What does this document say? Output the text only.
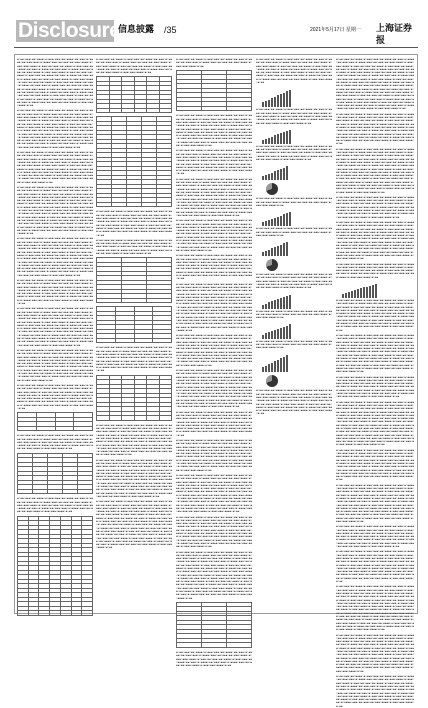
Disclosure
信息披露 /35	2021年5月17日 星期一 上海证券报

▪▫▪▪▫▪▪▪▫▪▪▫▪▪▪▪▫▪▫▪▪▪▫▪▪▪▫▪▪▫▪▪▪▪▫▪▪▫▪▪▪▫▪▫▪▪▪▪▫▪▪▫▪▪▪▫▪▪▪▫▪▫▪▪▪▪▫▪▪▪▫▪▪▫▪▪▪▫▪▪▫▪▪▪▫▪▪▪▪▫▪▫▪▪▪▫▪▪▪▫▪▪▪▪▫▪▫▪▪▪▫▪▪▫▪▪▪▫▪▪▫▪▪▪▪▫▪▫▪▪▪▫▪▪▪▫▪▪▫▪▪▪▪▫▪▪▫▪▪▪▫▪▫▪▪▪▪▫▪▪▫▪▪▪▫▪▪▪▫▪▫▪▪▪▪▫▪▪▪▫▪▪▫▪▪▪▫▪▪▫▪▪▪▫▪▪▪▪▫▪▫▪▪▪▫▪▪▪▫▪▪▪▪▫▪▫▪▪▪▫▪▪▫▪▪▪▫▪▪▫▪▪▪▪▫▪▫▪▪▪▫▪▪▪▫▪▪▫▪▪▪▪▫▪▪▫▪▪▪▫▪▫▪▪▪▪▫▪▪▫▪▪▪▫▪▪▪▫▪▫▪▪▪▪▫▪▪▪▫▪▪▫▪▪▪▫▪▪▫▪▪▪▫▪▪▪▪▫▪▫▪▪▪▫▪▪▪▫▪▪▪▪▫▪▫▪▪▪▫▪▪▫▪▪▪▫▪▪▫▪▪▪▪▫▪▫▪▪▪▫▪▪▪▫▪▪▫▪▪▪▪▫▪▪▫▪▪▪▫▪▫▪▪▪▪▫▪▪▫▪▪▪▫▪▪▪▫▪▫▪▪▪▪▫▪▪▪▫▪▪▫▪▪▪▫▪▪▫▪▪▪▫▪▪▪▪▫▪▫▪▪▪▫▪▪▪▫▪▪▪▪▫▪▫▪▪▪▫▪▪▫▪▪▪▫▪▪▫▪▪▪▪▫▪▫▪▪▪▫▪▪▪▫▪▪▫▪▪▪▪▫▪▪▫▪▪▪▫▪▫▪▪▪▪▫▪▪▫▪▪▪▫▪▪▪▫▪▫▪▪▪▪▫▪▪▪▫▪▪▫▪▪▪▫▪▪▫▪▪▪▫▪▪▪▪▫▪▫▪▪▪▫▪▪▪▫▪▪▪▪▫▪▫▪▪▪▫▪▪▫▪▪▪▫▪▪▫▪▪▪▪▫▪▫▪▪▪▫▪▪▪▫▪▪▫▪▪▪▪▫▪▪▫▪▪▪▫▪▫▪▪▪▪▫▪▪▫▪▪▪▫▪▪▪▫▪▫▪▪▪▪▫▪▪▪▫▪▪▫▪▪▪▫▪▪▫▪▪▪▫▪▪▪▪▫▪▫▪▪▪▫▪▪▪▫▪▪▪▪▫▪▫▪▪

▪▫▪▪▫▪▪▪▫▪▪▫▪▪▪▪▫▪▫▪▪▪▫▪▪▪▫▪▪▫▪▪▪▪▫▪▪▫▪▪▪▫▪▫▪▪▪▪▫▪▪▫▪▪▪▫▪▪▪▫▪▫▪▪▪▪▫▪▪▪▫▪▪▫▪▪▪▫▪▪▫▪▪▪▫▪▪▪▪▫▪▫▪▪▪▫▪▪▪▫▪▪▪▪▫▪▫▪▪▪▫▪▪▫▪▪▪▫▪▪▫▪▪▪▪▫▪▫▪▪▪▫▪▪▪▫▪▪▫▪▪▪▪▫▪▪▫▪▪▪▫▪▫▪▪▪▪▫▪▪▫▪▪▪▫▪▪▪▫▪▫▪▪▪▪▫▪▪▪▫▪▪▫▪▪▪▫▪▪▫▪▪▪▫▪▪▪▪▫▪▫▪▪▪▫▪▪▪▫▪▪▪▪▫▪▫▪▪▪▫▪▪▫▪▪▪▫▪▪▫▪▪▪▪▫▪▫▪▪▪▫▪▪▪▫▪▪▫▪▪▪▪▫▪▪▫▪▪▪▫▪▫▪▪▪▪▫▪▪▫▪▪▪▫▪▪▪▫▪▫▪▪▪▪▫▪▪▪▫▪▪▫▪▪▪▫▪▪▫▪▪▪▫▪▪▪▪▫▪▫▪▪▪▫▪▪▪▫▪▪▪▪▫▪▫▪▪▪▫▪▪▫▪▪▪▫▪▪▫▪▪▪▪▫▪▫▪▪▪▫▪▪▪▫▪▪▫▪▪▪▪▫▪▪▫▪▪▪▫▪▫▪▪▪▪▫▪▪▫▪▪▪▫▪▪▪▫▪▫▪▪▪▪▫▪▪▪▫▪▪▫▪▪▪▫▪▪▫▪▪▪▫▪▪▪▪▫▪▫▪▪▪▫▪▪▪▫▪▪▪▪▫▪▫▪▪▪▫▪▪▫▪▪▪▫▪▪▫▪▪▪▪▫▪▫▪▪▪▫▪▪▪▫▪▪▫▪▪▪▪▫▪▪▫▪▪▪▫▪▫▪▪▪▪▫▪▪▫▪▪▪▫▪▪▪▫▪▫▪▪▪▪▫▪▪▪▫▪▪▫▪▪▪▫▪▪▫▪▪▪▫▪▪▪▪▫▪▫▪▪▪▫▪▪▪▫▪▪▪▪▫▪▫▪▪

▪▫▪▪▫▪▪▪▫▪▪▫▪▪▪▪▫▪▫▪▪▪▫▪▪▪▫▪▪▫▪▪▪▪▫▪▪▫▪▪▪▫▪▫▪▪▪▪▫▪▪▫▪▪▪▫▪▪▪▫▪▫▪▪▪▪▫▪▪▪▫▪▪▫▪▪▪▫▪▪▫▪▪▪▫▪▪▪▪▫▪▫▪▪▪▫▪▪▪▫▪▪▪▪▫▪▫▪▪▪▫▪▪▫▪▪▪▫▪▪▫▪▪▪▪▫▪▫▪▪▪▫▪▪▪▫▪▪▫▪▪▪▪▫▪▪▫▪▪▪▫▪▫▪▪▪▪▫▪▪▫▪▪▪▫▪▪▪▫▪▫▪▪▪▪▫▪▪▪▫▪▪▫▪▪▪▫▪▪▫▪▪▪▫▪▪▪▪▫▪▫▪▪▪▫▪▪▪▫▪▪▪▪▫▪▫▪▪▪▫▪▪▫▪▪▪▫▪▪▫▪▪▪▪▫▪▫▪▪▪▫▪▪▪▫▪▪▫▪▪▪▪▫▪▪▫▪▪▪▫▪▫▪▪▪▪▫▪▪▫▪▪▪▫▪▪▪▫▪▫▪▪▪▪▫▪▪▪▫▪▪▫▪▪▪▫▪▪▫▪▪▪▫▪▪▪▪▫▪▫▪▪▪▫▪▪▪▫▪▪▪▪▫▪▫▪▪▪▫▪▪▫▪▪▪▫▪▪▫▪▪▪▪▫▪▫▪▪▪▫▪▪▪▫▪▪▫▪▪▪▪▫▪▪▫▪▪▪▫▪▫▪▪▪▪▫▪▪▫▪▪▪▫▪▪▪▫▪▫▪▪▪▪▫▪▪▪▫▪▪▫▪▪▪▫▪▪▫▪▪▪▫▪▪▪▪▫▪▫▪▪▪▫▪▪▪▫▪▪▪▪▫▪▫▪▪

▪▫▪▪▫▪▪▪▫▪▪▫▪▪▪▪▫▪▫▪▪▪▫▪▪▪▫▪▪▫▪▪▪▪▫▪▪▫▪▪▪▫▪▫▪▪▪▪▫▪▪▫▪▪▪▫▪▪▪▫▪▫▪▪▪▪▫▪▪▪▫▪▪▫▪▪▪▫▪▪▫▪▪▪▫▪▪▪▪▫▪▫▪▪▪▫▪▪▪▫▪▪▪▪▫▪▫▪▪▪▫▪▪▫▪▪▪▫▪▪▫▪▪▪▪▫▪▫▪▪▪▫▪▪▪▫▪▪▫▪▪▪▪▫▪▪▫▪▪▪▫▪▫▪▪▪▪▫▪▪▫▪▪▪▫▪▪▪▫▪▫▪▪▪▪▫▪▪▪▫▪▪▫▪▪▪▫▪▪▫▪▪▪▫▪▪▪▪▫▪▫▪▪▪▫▪▪▪▫▪▪▪▪▫▪▫▪▪▪▫▪▪▫▪▪▪▫▪▪▫▪▪▪▪▫▪▫▪▪▪▫▪▪▪▫▪▪▫▪▪▪▪▫▪▪▫▪▪▪▫▪▫▪▪▪▪▫▪▪▫▪▪▪▫▪▪▪▫▪▫▪▪▪▪▫▪▪▪▫▪▪▫▪▪▪▫▪▪▫▪▪▪▫▪▪▪▪▫▪▫▪▪▪▫▪▪▪▫▪▪▪▪▫▪▫▪▪▪▫▪▪▫▪▪▪▫▪▪▫▪▪▪▪▫▪▫▪▪▪▫▪▪▪▫▪▪▫▪▪▪▪▫▪▪▫▪▪▪▫▪▫▪▪▪▪▫▪▪▫▪▪▪▫▪▪▪▫▪▫▪▪▪▪▫▪▪▪▫▪▪▫▪▪▪▫▪▪▫▪▪▪▫▪▪▪▪▫▪▫▪▪▪▫▪▪▪▫▪▪▪▪▫▪▫▪▪▪▫▪▪▫▪▪▪▫▪▪▫▪▪▪▪▫▪▫▪▪▪▫▪▪▪▫▪▪▫▪▪▪▪▫▪▪▫▪▪▪▫▪▫▪▪▪▪▫▪▪▫▪▪▪▫▪▪▪▫▪▫▪▪▪▪▫▪▪▪▫▪▪▫▪▪▪▫▪▪▫▪▪▪▫▪▪▪▪▫▪▫▪▪▪▫▪▪▪▫▪▪▪▪▫▪▫▪▪▪▫▪▪▫▪▪▪▫▪▪▫▪▪▪▪▫▪▫▪▪▪▫▪▪▪▫▪▪▫▪▪▪▪▫▪▪▫▪▪▪▫▪▫▪▪▪▪▫▪▪▫▪▪▪▫▪▪▪▫▪▫▪▪▪▪▫▪▪▪▫▪▪▫▪▪▪▫▪▪▫▪▪▪▫▪▪▪▪▫▪▫▪▪▪▫▪▪▪▫▪▪▪▪▫▪▫▪▪

▪▫▪▪▫▪▪▪▫▪▪▫▪▪▪▪▫▪▫▪▪▪▫▪▪▪▫▪▪▫▪▪▪▪▫▪▪▫▪▪▪▫▪▫▪▪▪▪▫▪▪▫▪▪▪▫▪▪▪▫▪▫▪▪▪▪▫▪▪▪▫▪▪▫▪▪▪▫▪▪▫▪▪▪▫▪▪▪▪▫▪▫▪▪▪▫▪▪▪▫▪▪▪▪▫▪▫▪▪▪▫▪▪▫▪▪▪▫▪▪▫▪▪▪▪▫▪▫▪▪▪▫▪▪▪▫▪▪▫▪▪▪▪▫▪▪▫▪▪▪▫▪▫▪▪▪▪▫▪▪▫▪▪▪▫▪▪▪▫▪▫▪▪▪▪▫▪▪▪▫▪▪▫▪▪▪▫▪▪▫▪▪▪▫▪▪▪▪▫▪▫▪▪▪▫▪▪▪▫▪▪▪▪▫▪▫▪▪▪▫▪▪▫▪▪▪▫▪▪▫▪▪▪▪▫▪▫▪▪▪▫▪▪▪▫▪▪▫▪▪▪▪▫▪▪▫▪▪▪▫▪▫▪▪▪▪▫▪▪▫▪▪▪▫▪▪▪▫▪▫▪▪▪▪▫▪▪▪▫▪▪▫▪▪▪▫▪▪▫▪▪▪▫▪▪▪▪▫▪▫▪▪▪▫▪▪▪▫▪▪▪▪▫▪▫▪▪▪▫▪▪▫▪▪▪▫▪▪▫▪▪▪▪▫▪▫▪▪▪▫▪▪▪▫▪▪▫▪▪▪▪▫▪▪▫▪▪▪▫▪▫▪▪▪▪▫▪▪▫▪▪▪▫▪▪▪▫▪▫▪▪▪▪▫▪▪▪▫▪▪▫▪▪▪▫▪▪▫▪▪▪▫▪▪▪▪▫▪▫▪▪▪▫▪▪▪▫▪▪▪▪▫▪▫▪▪▪▫▪▪▫▪▪▪▫▪▪▫▪▪▪▪▫▪▫▪▪▪▫▪▪▪▫▪▪▫▪▪▪▪▫▪▪▫▪▪▪▫▪▫▪▪▪▪▫▪▪▫▪▪▪▫▪▪▪▫▪▫▪▪▪▪▫▪▪▪▫▪▪▫▪▪▪▫▪▪▫▪▪▪▫▪▪▪▪▫▪▫▪▪▪▫▪▪▪▫▪▪▪▪▫▪▫▪▪

▪▫▪▪▫▪▪▪▫▪▪▫▪▪▪▪▫▪▫▪▪▪▫▪▪▪▫▪▪▫▪▪▪▪▫▪▪▫▪▪▪▫▪▫▪▪▪▪▫▪▪▫▪▪▪▫▪▪▪▫▪▫▪▪▪▪▫▪▪▪▫▪▪▫▪▪▪▫▪▪▫▪▪▪▫▪▪▪▪▫▪▫▪▪▪▫▪▪▪▫▪▪▪▪▫▪▫▪▪▪▫▪▪▫▪▪▪▫▪▪▫▪▪▪▪▫▪▫▪▪▪▫▪▪▪▫▪▪▫▪▪▪▪▫▪▪▫▪▪▪▫▪▫▪▪▪▪▫▪▪▫▪▪▪▫▪▪▪▫▪▫▪▪▪▪▫▪▪▪▫▪▪▫▪▪▪▫▪▪▫▪▪▪▫▪▪▪▪▫▪▫▪▪▪▫▪▪▪▫▪▪▪▪▫▪▫▪▪▪▫▪▪▫▪▪▪▫▪▪▫▪▪▪▪▫▪▫▪▪▪▫▪▪▪▫▪▪▫▪▪▪▪▫▪▪▫▪▪▪▫▪▫▪▪▪▪▫▪▪▫▪▪▪▫▪▪▪▫▪▫▪▪▪▪▫▪▪▪▫▪▪▫▪▪▪▫▪▪▫▪▪▪▫▪▪▪▪▫▪▫▪▪▪▫▪▪▪▫▪▪▪▪▫▪▫▪▪

▪▫▪▪▫▪▪▪▫▪▪▫▪▪▪▪▫▪▫▪▪▪▫▪▪▪▫▪▪▫▪▪▪▪▫▪▪▫▪▪▪▫▪▫▪▪▪▪▫▪▪▫▪▪▪▫▪▪▪▫▪▫▪▪▪▪▫▪▪▪▫▪▪▫▪▪▪▫▪▪▫▪▪▪▫▪▪▪▪▫▪▫▪▪▪▫▪▪▪▫▪▪▪▪▫▪▫▪▪▪▫▪▪▫▪▪▪▫▪▪▫▪▪▪▪▫▪▫▪▪▪▫▪▪▪▫▪▪▫▪▪▪▪▫▪▪▫▪▪▪▫▪▫▪▪▪▪▫▪▪▫▪▪▪▫▪▪▪▫▪▫▪▪▪▪▫▪▪▪▫▪▪▫▪▪▪▫▪▪▫▪▪▪▫▪▪▪▪▫▪▫▪▪▪▫▪▪▪▫▪▪▪▪▫▪▫▪▪▪▫▪▪▫▪▪▪▫▪▪▫▪▪▪▪▫▪▫▪▪▪▫▪▪▪▫▪▪▫▪▪▪▪▫▪▪▫▪▪▪▫▪▫▪▪▪▪▫▪▪▫▪▪▪▫▪▪▪▫▪▫▪▪▪▪▫▪▪▪▫▪▪▫▪▪▪▫▪▪▫▪▪▪▫▪▪▪▪▫▪▫▪▪▪▫▪▪▪▫▪▪▪▪▫▪▫▪▪▪▫▪▪▫▪▪▪▫▪▪▫▪▪▪▪▫▪▫▪▪▪▫▪▪▪▫▪▪▫▪▪▪▪▫▪▪▫▪▪▪▫▪▫▪▪▪▪▫▪▪▫▪▪▪▫▪▪▪▫▪▫▪▪▪▪▫▪▪▪▫▪▪▫▪▪▪▫▪▪▫▪▪▪▫▪▪▪▪▫▪▫▪▪▪▫▪▪▪▫▪▪▪▪▫▪▫▪▪▪▫▪▪▫▪▪▪▫▪▪▫▪▪▪▪▫▪▫▪▪▪▫▪▪▪▫▪▪▫▪▪▪▪▫▪▪▫▪▪▪▫▪▫▪▪▪▪▫▪▪▫▪▪▪▫▪▪▪▫▪▫▪▪▪▪▫▪▪▪▫▪▪▫▪▪▪▫▪▪▫▪▪▪▫▪▪▪▪▫▪▫▪▪▪▫▪▪▪▫▪▪▪▪▫▪▫▪▪

▪▫▪▪▫▪▪▪▫▪▪▫▪▪▪▪▫▪▫▪▪▪▫▪▪▪▫▪▪▫▪▪▪▪▫▪▪▫▪▪▪▫▪▫▪▪▪▪▫▪▪▫▪▪▪▫▪▪▪▫▪▫▪▪▪▪▫▪▪▪▫▪▪▫▪▪▪▫▪▪▫▪▪▪▫▪▪▪▪▫▪▫▪▪▪▫▪▪▪▫▪▪▪▪▫▪▫▪▪▪▫▪▪▫▪▪▪▫▪▪▫▪▪▪▪▫▪▫▪▪▪▫▪▪▪▫▪▪▫▪▪▪▪▫▪▪▫▪▪▪▫▪▫▪▪▪▪▫▪▪▫▪▪▪▫▪▪▪▫▪▫▪▪▪▪▫▪▪▪▫▪▪▫▪▪▪▫▪▪▫▪▪▪▫▪▪▪▪▫▪▫▪▪▪▫▪▪▪▫▪▪▪▪▫▪▫▪▪▪▫▪▪▫▪▪▪▫▪▪▫▪▪▪▪▫▪▫▪▪▪▫▪▪▪▫▪▪▫▪▪▪▪▫▪▪▫▪▪▪▫▪▫▪▪▪▪▫▪▪▫▪▪▪▫▪▪▪▫▪▫▪▪▪▪▫▪▪▪▫▪▪▫▪▪▪▫▪▪▫▪▪▪▫▪▪▪▪▫▪▫▪▪▪▫▪▪▪▫▪▪▪▪▫▪▫▪▪▪▫▪▪▫▪▪▪▫▪▪▫▪▪▪▪▫▪▫▪▪▪▫▪▪▪▫▪▪▫▪▪▪▪▫▪▪▫▪▪▪▫▪▫▪▪▪▪▫▪▪▫▪▪▪▫▪▪▪▫▪▫▪▪▪▪▫▪▪▪▫▪▪▫▪▪▪▫▪▪▫▪▪▪▫▪▪▪▪▫▪▫▪▪▪▫▪▪▪▫▪▪▪▪▫▪▫▪▪

▪▫▪▪▫▪▪▪▫▪▪▫▪▪▪▪▫▪▫▪▪▪▫▪▪▪▫▪▪▫▪▪▪▪▫▪▪▫▪▪▪▫▪▫▪▪▪▪▫▪▪▫▪▪▪▫▪▪▪▫▪▫▪▪▪▪▫▪▪▪▫▪▪▫▪▪▪▫▪▪▫▪▪▪▫▪▪▪▪▫▪▫▪▪▪▫▪▪▪▫▪▪▪▪▫▪▫▪▪▪▫▪▪▫▪▪▪▫▪▪▫▪▪▪▪▫▪▫▪▪▪▫▪▪▪▫▪▪▫▪▪▪▪▫▪▪▫▪▪▪▫▪▫▪▪▪▪▫▪▪▫▪▪▪▫▪▪▪▫▪▫▪▪▪▪▫▪▪▪▫▪▪▫▪▪▪▫▪▪▫▪▪▪▫▪▪▪▪▫▪▫▪▪▪▫▪▪▪▫▪▪▪▪▫▪▫▪▪▪▫▪▪▫▪▪▪▫▪▪▫▪▪▪▪▫▪▫▪▪▪▫▪▪▪▫▪▪▫▪▪▪▪▫▪▪▫▪▪▪▫▪▫▪▪▪▪▫▪▪▫▪▪▪▫▪▪▪▫▪▫▪▪▪▪▫▪▪▪▫▪▪▫▪▪▪▫▪▪▫▪▪▪▫▪▪▪▪▫▪▫▪▪▪▫▪▪▪▫▪▪▪▪▫▪▫▪▪

▪▫▪▪▫▪▪▪▫▪▪▫▪▪▪▪▫▪▫▪▪▪▫▪▪▪▫▪▪▫▪▪▪▪▫▪▪▫▪▪▪▫▪▫▪▪▪▪▫▪▪▫▪▪▪▫▪▪▪▫▪▫▪▪▪▪▫▪▪▪▫▪▪▫▪▪▪▫▪▪▫▪▪▪▫▪▪▪▪▫▪▫▪▪▪▫▪▪▪▫▪▪▪▪▫▪▫▪▪▪▫▪▪▫▪▪▪▫▪▪▫▪▪▪▪▫▪▫▪▪▪▫▪▪▪▫▪▪▫▪▪▪▪▫▪▪▫▪▪▪▫▪▫▪▪▪▪▫▪▪▫▪▪▪▫▪▪▪▫▪▫▪▪▪▪▫▪▪▪▫▪▪▫▪▪▪▫▪▪▫▪▪▪▫▪▪▪▪▫▪▫▪▪▪▫▪▪▪▫▪▪▪▪▫▪▫▪▪

▪▫▪▪▫▪▪▪▫▪▪▫▪▪▪▪▫▪▫▪▪▪▫▪▪▪▫▪▪▫▪▪▪▪▫▪▪▫▪▪▪▫▪▫▪▪▪▪▫▪▪▫▪▪▪▫▪▪▪▫▪▫▪▪▪▪▫▪▪▪▫▪▪▫▪▪▪▫▪▪▫▪▪▪▫▪▪▪▪▫▪▫▪▪▪▫▪▪▪▫▪▪▪▪▫▪▫▪▪▪▫▪▪▫▪▪▪▫▪▪▫▪▪▪▪▫▪▫▪▪▪▫▪▪▪▫▪▪▫▪▪▪▪▫▪▪▫▪▪▪▫▪▫▪▪▪▪▫▪▪▫▪▪▪▫▪▪▪▫▪▫▪▪▪▪▫▪▪▪▫▪▪▫▪▪▪▫▪▪▫▪▪▪▫▪▪▪▪▫▪▫▪▪▪▫▪▪▪▫▪▪▪▪▫▪▫▪▪

▪▫▪▪▫▪▪▪▫▪▪▫▪▪▪▪▫▪▫▪▪▪▫▪▪▪▫▪▪▫▪▪▪▪▫▪▪▫▪▪▪▫▪▫▪▪▪▪▫▪▪▫▪▪▪▫▪▪▪▫▪▫▪▪▪▪▫▪▪▪▫▪▪▫▪▪▪▫▪▪▫▪▪▪▫▪▪▪▪▫▪▫▪▪▪▫▪▪▪▫▪▪▪▪▫▪▫▪▪▪▫▪▪▫▪▪▪▫▪▪▫▪▪▪▪▫▪▫▪▪▪▫▪▪▪▫▪▪▫▪▪▪▪▫▪▪▫▪▪▪▫▪▫▪▪▪▪▫▪▪▫▪▪▪▫▪▪▪▫▪▫▪▪▪▪▫▪▪▪▫▪▪▫▪▪▪▫▪▪▫▪▪▪▫▪▪▪▪▫▪▫▪▪▪▫▪▪▪▫▪▪▪▪▫▪▫▪▪

▪▫▪▪▫▪▪▪▫▪▪▫▪▪▪▪▫▪▫▪▪▪▫▪▪▪▫▪▪▫▪▪▪▪▫▪▪▫▪▪▪▫▪▫▪▪▪▪▫▪▪▫▪▪▪▫▪▪▪▫▪▫▪▪▪▪▫▪▪▪▫▪▪▫▪▪▪▫▪▪▫▪▪▪▫▪▪▪▪▫▪▫▪▪▪▫▪▪▪▫▪▪▪▪▫▪▫▪▪▪▫▪▪▫▪▪▪▫▪▪▫▪▪▪▪▫▪▫▪▪▪▫▪▪▪▫▪▪▫▪▪▪▪▫▪▪▫▪▪▪▫▪▫▪▪▪▪▫▪▪▫▪▪▪▫▪▪▪▫▪▫▪▪▪▪▫▪▪▪▫▪▪▫▪▪▪▫▪▪▫▪▪▪▫▪▪▪▪▫▪▫▪▪▪▫▪▪▪▫▪▪▪▪▫▪▫▪▪▪▫▪▪▫▪▪▪▫▪▪▫▪▪▪▪▫▪▫▪▪▪▫▪▪▪▫▪▪▫▪▪▪▪▫▪▪▫▪▪▪▫▪▫▪▪▪▪▫▪▪▫▪▪▪▫▪▪▪▫▪▫▪▪▪▪▫▪▪▪▫▪▪▫▪▪▪▫▪▪▫▪▪▪▫▪▪▪▪▫▪▫▪▪▪▫▪▪▪▫▪▪▪▪▫▪▫▪▪

▪▫▪▪▫▪▪▪▫▪▪▫▪▪▪▪▫▪▫▪▪▪▫▪▪▪▫▪▪▫▪▪▪▪▫▪▪▫▪▪▪▫▪▫▪▪▪▪▫▪▪▫▪▪▪▫▪▪▪▫▪▫▪▪▪▪▫▪▪▪▫▪▪▫▪▪▪▫▪▪▫▪▪▪▫▪▪▪▪▫▪▫▪▪▪▫▪▪▪▫▪▪▪▪▫▪▫▪▪▪▫▪▪▫▪▪▪▫▪▪▫▪▪▪▪▫▪▫▪▪▪▫▪▪▪▫▪▪▫▪▪▪▪▫▪▪▫▪▪▪▫▪▫▪▪▪▪▫▪▪▫▪▪▪▫▪▪▪▫▪▫▪▪▪▪▫▪▪▪▫▪▪▫▪▪▪▫▪▪▫▪▪▪▫▪▪▪▪▫▪▫▪▪▪▫▪▪▪▫▪▪▪▪▫▪▫▪▪

▪▫▪▪▫▪▪▪▫▪▪▫▪▪▪▪▫▪▫▪▪▪▫▪▪▪▫▪▪▫▪▪▪▪▫▪▪▫▪▪▪▫▪▫▪▪▪▪▫▪▪▫▪▪▪▫▪▪▪▫▪▫▪▪▪▪▫▪▪▪▫▪▪▫▪▪▪▫▪▪▫▪▪▪▫▪▪▪▪▫▪▫▪▪▪▫▪▪▪▫▪▪▪▪▫▪▫▪▪▪▫▪▪▫▪▪▪▫▪▪▫▪▪▪▪▫▪▫▪▪▪▫▪▪▪▫▪▪▫▪▪▪▪▫▪▪▫▪▪▪▫▪▫▪▪▪▪▫▪▪▫▪▪▪▫▪▪▪▫▪▫▪▪▪▪▫▪▪▪▫▪▪▫▪▪▪▫▪▪▫▪▪▪▫▪▪▪▪▫▪▫▪▪▪▫▪▪▪▫▪▪▪▪▫▪▫▪▪▪▫▪▪▫▪▪▪▫▪▪▫▪▪▪▪▫▪▫▪▪▪▫▪▪▪▫▪▪▫▪▪▪▪▫▪▪▫▪▪▪▫▪▫▪▪▪▪▫▪▪▫▪▪▪▫▪▪▪▫▪▫▪▪▪▪▫▪▪▪▫▪▪▫▪▪▪▫▪▪▫▪▪▪▫▪▪▪▪▫▪▫▪▪▪▫▪▪▪▫▪▪▪▪▫▪▫▪▪

▪▫▪▪▫▪▪▪▫▪▪▫▪▪▪▪▫▪▫▪▪▪▫▪▪▪▫▪▪▫▪▪▪▪▫▪▪▫▪▪▪▫▪▫▪▪▪▪▫▪▪▫▪▪▪▫▪▪▪▫▪▫▪▪▪▪▫▪▪▪▫▪▪▫▪▪▪▫▪▪▫▪▪▪▫▪▪▪▪▫▪▫▪▪▪▫▪▪▪▫▪▪▪▪▫▪▫▪▪▪▫▪▪▫▪▪▪▫▪▪▫▪▪▪▪▫▪▫▪▪▪▫▪▪▪▫▪▪▫▪▪▪▪▫▪▪▫▪▪▪▫▪▫▪▪▪▪▫▪▪▫▪▪▪▫▪▪▪▫▪▫▪▪▪▪▫▪▪▪▫▪▪▫▪▪▪▫▪▪▫▪▪▪▫▪▪▪▪▫▪▫▪▪▪▫▪▪▪▫▪▪▪▪▫▪▫▪▪▪▫▪▪▫▪▪▪▫▪▪▫▪▪▪▪▫▪▫▪▪▪▫▪▪▪▫▪▪▫▪▪▪▪▫▪▪▫▪▪▪▫▪▫▪▪▪▪▫▪▪▫▪▪▪▫▪▪▪▫▪▫▪▪▪▪▫▪▪▪▫▪▪▫▪▪▪▫▪▪▫▪▪▪▫▪▪▪▪▫▪▫▪▪▪▫▪▪▪▫▪▪▪▪▫▪▫▪▪▪▫▪▪▫▪▪▪▫▪▪▫▪▪▪▪▫▪▫▪▪▪▫▪▪▪▫▪▪▫▪▪▪▪▫▪▪▫▪▪▪▫▪▫▪▪▪▪▫▪▪▫▪▪▪▫▪▪▪▫▪▫▪▪▪▪▫▪▪▪▫▪▪▫▪▪▪▫▪▪▫▪▪▪▫▪▪▪▪▫▪▫▪▪▪▫▪▪▪▫▪▪▪▪▫▪▫▪▪

▪▫▪▪▫▪▪▪▫▪▪▫▪▪▪▪▫▪▫▪▪▪▫▪▪▪▫▪▪▫▪▪▪▪▫▪▪▫▪▪▪▫▪▫▪▪▪▪▫▪▪▫▪▪▪▫▪▪▪▫▪▫▪▪▪▪▫▪▪▪▫▪▪▫▪▪▪▫▪▪▫▪▪▪▫▪▪▪▪▫▪▫▪▪▪▫▪▪▪▫▪▪▪▪▫▪▫▪▪▪▫▪▪▫▪▪▪▫▪▪▫▪▪▪▪▫▪▫▪▪▪▫▪▪▪▫▪▪▫▪▪▪▪▫▪▪▫▪▪▪▫▪▫▪▪▪▪▫▪▪▫▪▪▪▫▪▪▪▫▪▫▪▪▪▪▫▪▪▪▫▪▪▫▪▪▪▫▪▪▫▪▪▪▫▪▪▪▪▫▪▫▪▪▪▫▪▪▪▫▪▪▪▪▫▪▫▪▪▪▫▪▪▫▪▪▪▫▪▪▫▪▪▪▪▫▪▫▪▪▪▫▪▪▪▫▪▪▫▪▪▪▪▫▪▪▫▪▪▪▫▪▫▪▪▪▪▫▪▪▫▪▪▪▫▪▪▪▫▪▫▪▪▪▪▫▪▪▪▫▪▪▫▪▪▪▫▪▪▫▪▪▪▫▪▪▪▪▫▪▫▪▪▪▫▪▪▪▫▪▪▪▪▫▪▫▪▪▪▫▪▪▫▪▪▪▫▪▪▫▪▪▪▪▫▪▫▪▪▪▫▪▪▪▫▪▪▫▪▪▪▪▫▪▪▫▪▪▪▫▪▫▪▪▪▪▫▪▪▫▪▪▪▫▪▪▪▫▪▫▪▪▪▪▫▪▪▪▫▪▪▫▪▪▪▫▪▪▫▪▪▪▫▪▪▪▪▫▪▫▪▪▪▫▪▪▪▫▪▪▪▪▫▪▫▪▪▪▫▪▪▫▪▪▪▫▪▪▫▪▪▪▪▫▪▫▪▪▪▫▪▪▪▫▪▪▫▪▪▪▪▫▪▪▫▪▪▪▫▪▫▪▪▪▪▫▪▪▫▪▪▪▫▪▪▪▫▪▫▪▪▪▪▫▪▪▪▫▪▪▫▪▪▪▫▪▪▫▪▪▪▫▪▪▪▪▫▪▫▪▪▪▫▪▪▪▫▪▪▪▪▫▪▫▪▪

▪▫▪▪▫▪▪▪▫▪▪▫▪▪▪▪▫▪▫▪▪▪▫▪▪▪▫▪▪▫▪▪▪▪▫▪▪▫▪▪▪▫▪▫▪▪▪▪▫▪▪▫▪▪▪▫▪▪▪▫▪▫▪▪▪▪▫▪▪▪▫▪▪▫▪▪▪▫▪▪▫▪▪▪▫▪▪▪▪▫▪▫▪▪▪▫▪▪▪▫▪▪▪▪▫▪▫▪▪▪▫▪▪▫▪▪▪▫▪▪▫▪▪▪▪▫▪▫▪▪▪▫▪▪▪▫▪▪▫▪▪▪▪▫▪▪▫▪▪▪▫▪▫▪▪▪▪▫▪▪▫▪▪▪▫▪▪▪▫▪▫▪▪▪▪▫▪▪▪▫▪▪▫▪▪▪▫▪▪▫▪▪▪▫▪▪▪▪▫▪▫▪▪▪▫▪▪▪▫▪▪▪▪▫▪▫▪▪▪▫▪▪▫▪▪▪▫▪▪▫▪▪▪▪▫▪▫▪▪▪▫▪▪▪▫▪▪▫▪▪▪▪▫▪▪▫▪▪▪▫▪▫▪▪▪▪▫▪▪▫▪▪▪▫▪▪▪▫▪▫▪▪▪▪▫▪▪▪▫▪▪▫▪▪▪▫▪▪▫▪▪▪▫▪▪▪▪▫▪▫▪▪▪▫▪▪▪▫▪▪▪▪▫▪▫▪▪▪▫▪▪▫▪▪▪▫▪▪▫▪▪▪▪▫▪▫▪▪▪▫▪▪▪▫▪▪▫▪▪▪▪▫▪▪▫▪▪▪▫▪▫▪▪▪▪▫▪▪▫▪▪▪▫▪▪▪▫▪▫▪▪▪▪▫▪▪▪▫▪▪▫▪▪▪▫▪▪▫▪▪▪▫▪▪▪▪▫▪▫▪▪▪▫▪▪▪▫▪▪▪▪▫▪▫▪▪▪▫▪▪▫▪▪▪▫▪▪▫▪▪▪▪▫▪▫▪▪▪▫▪▪▪▫▪▪▫▪▪▪▪▫▪▪▫▪▪▪▫▪▫▪▪▪▪▫▪▪▫▪▪▪▫▪▪▪▫▪▫▪▪▪▪▫▪▪▪▫▪▪▫▪▪▪▫▪▪▫▪▪▪▫▪▪▪▪▫▪▫▪▪▪▫▪▪▪▫▪▪▪▪▫▪▫▪▪▪▫▪▪▫▪▪▪▫▪▪▫▪▪▪▪▫▪▫▪▪▪▫▪▪▪▫▪▪▫▪▪▪▪▫▪▪▫▪▪▪▫▪▫▪▪▪▪▫▪▪▫▪▪▪▫▪▪▪▫▪▫▪▪▪▪▫▪▪▪▫▪▪▫▪▪▪▫▪▪▫▪▪▪▫▪▪▪▪▫▪▫▪▪▪▫▪▪▪▫▪▪▪▪▫▪▫▪▪

▪▫▪▪▫▪▪▪▫▪▪▫▪▪▪▪▫▪▫▪▪▪▫▪▪▪▫▪▪▫▪▪▪▪▫▪▪▫▪▪▪▫▪▫▪▪▪▪▫▪▪▫▪▪▪▫▪▪▪▫▪▫▪▪▪▪▫▪▪▪▫▪▪▫▪▪▪▫▪▪▫▪▪▪▫▪▪▪▪▫▪▫▪▪▪▫▪▪▪▫▪▪▪▪▫▪▫▪▪

▪▫▪▪▫▪▪▪▫▪▪▫▪▪▪▪▫▪▫▪▪▪▫▪▪▪▫▪▪▫▪▪▪▪▫▪▪▫▪▪▪▫▪▫▪▪▪▪▫▪▪▫▪▪▪▫▪▪▪▫▪▫▪▪▪▪▫▪▪▪▫▪▪▫▪▪▪▫▪▪▫▪▪▪▫▪▪▪▪▫▪▫▪▪▪▫▪▪▪▫▪▪▪▪▫▪▫▪▪▪▫▪▪▫▪▪▪▫▪▪▫▪▪▪▪▫▪▫▪▪▪▫▪▪▪▫▪▪▫▪▪▪▪▫▪▪▫▪▪▪▫▪▫▪▪▪▪▫▪▪▫▪▪▪▫▪▪▪▫▪▫▪▪▪▪▫▪▪▪▫▪▪▫▪▪▪▫▪▪▫▪▪▪▫▪▪▪▪▫▪▫▪▪▪▫▪▪▪▫▪▪▪▪▫▪▫▪▪▪▫▪▪▫▪▪▪▫▪▪▫▪▪▪▪▫▪▫▪▪▪▫▪▪▪▫▪▪▫▪▪▪▪▫▪▪▫▪▪▪▫▪▫▪▪▪▪▫▪▪▫▪▪▪▫▪▪▪▫▪▫▪▪▪▪▫▪▪▪▫▪▪▫▪▪▪▫▪▪▫▪▪▪▫▪▪▪▪▫▪▫▪▪▪▫▪▪▪▫▪▪▪▪▫▪▫▪▪▪▫▪▪▫▪▪▪▫▪▪▫▪▪▪▪▫▪▫▪▪▪▫▪▪▪▫▪▪▫▪▪▪▪▫▪▪▫▪▪▪▫▪▫▪▪▪▪▫▪▪▫▪▪▪▫▪▪▪▫▪▫▪▪▪▪▫▪▪▪▫▪▪▫▪▪▪▫▪▪▫▪▪▪▫▪▪▪▪▫▪▫▪▪▪▫▪▪▪▫▪▪▪▪▫▪▫▪▪

▪▫▪▪▫▪▪▪▫▪▪▫▪▪▪▪▫▪▫▪▪▪▫▪▪▪▫▪▪▫▪▪▪▪▫▪▪▫▪▪▪▫▪▫▪▪▪▪▫▪▪▫▪▪▪▫▪▪▪▫▪▫▪▪▪▪▫▪▪▪▫▪▪▫▪▪▪▫▪▪▫▪▪▪▫▪▪▪▪▫▪▫▪▪▪▫▪▪▪▫▪▪▪▪▫▪▫▪▪▪▫▪▪▫▪▪▪▫▪▪▫▪▪▪▪▫▪▫▪▪▪▫▪▪▪▫▪▪▫▪▪▪▪▫▪▪▫▪▪▪▫▪▫▪▪▪▪▫▪▪▫▪▪▪▫▪▪▪▫▪▫▪▪▪▪▫▪▪▪▫▪▪▫▪▪▪▫▪▪▫▪▪▪▫▪▪▪▪▫▪▫▪▪▪▫▪▪▪▫▪▪▪▪▫▪▫▪▪▪▫▪▪▫▪▪▪▫▪▪▫▪▪▪▪▫▪▫▪▪▪▫▪▪▪▫▪▪▫▪▪▪▪▫▪▪▫▪▪▪▫▪▫▪▪▪▪▫▪▪▫▪▪▪▫▪▪▪▫▪▫▪▪▪▪▫▪▪▪▫▪▪▫▪▪▪▫▪▪▫▪▪▪▫▪▪▪▪▫▪▫▪▪▪▫▪▪▪▫▪▪▪▪▫▪▫▪▪

▪▫▪▪▫▪▪▪▫▪▪▫▪▪▪▪▫▪▫▪▪▪▫▪▪▪▫▪▪▫▪▪▪▪▫▪▪▫▪▪▪▫▪▫▪▪▪▪▫▪▪▫▪▪▪▫▪▪▪▫▪▫▪▪▪▪▫▪▪▪▫▪▪▫▪▪▪▫▪▪▫▪▪▪▫▪▪▪▪▫▪▫▪▪▪▫▪▪▪▫▪▪▪▪▫▪▫▪▪▪▫▪▪▫▪▪▪▫▪▪▫▪▪▪▪▫▪▫▪▪▪▫▪▪▪▫▪▪▫▪▪▪▪▫▪▪▫▪▪▪▫▪▫▪▪▪▪▫▪▪▫▪▪▪▫▪▪▪▫▪▫▪▪▪▪▫▪▪▪▫▪▪▫▪▪▪▫▪▪▫▪▪▪▫▪▪▪▪▫▪▫▪▪▪▫▪▪▪▫▪▪▪▪▫▪▫▪▪▪▫▪▪▫▪▪▪▫▪▪▫▪▪▪▪▫▪▫▪▪▪▫▪▪▪▫▪▪▫▪▪▪▪▫▪▪▫▪▪▪▫▪▫▪▪▪▪▫▪▪▫▪▪▪▫▪▪▪▫▪▫▪▪▪▪▫▪▪▪▫▪▪▫▪▪▪▫▪▪▫▪▪▪▫▪▪▪▪▫▪▫▪▪▪▫▪▪▪▫▪▪▪▪▫▪▫▪▪▪▫▪▪▫▪▪▪▫▪▪▫▪▪▪▪▫▪▫▪▪▪▫▪▪▪▫▪▪▫▪▪▪▪▫▪▪▫▪▪▪▫▪▫▪▪▪▪▫▪▪▫▪▪▪▫▪▪▪▫▪▫▪▪▪▪▫▪▪▪▫▪▪▫▪▪▪▫▪▪▫▪▪▪▫▪▪▪▪▫▪▫▪▪▪▫▪▪▪▫▪▪▪▪▫▪▫▪▪▪▫▪▪▫▪▪▪▫▪▪▫▪▪▪▪▫▪▫▪▪▪▫▪▪▪▫▪▪▫▪▪▪▪▫▪▪▫▪▪▪▫▪▫▪▪▪▪▫▪▪▫▪▪▪▫▪▪▪▫▪▫▪▪▪▪▫▪▪▪▫▪▪▫▪▪▪▫▪▪▫▪▪▪▫▪▪▪▪▫▪▫▪▪▪▫▪▪▪▫▪▪▪▪▫▪▫▪▪

▪▫▪▪▫▪▪▪▫▪▪▫▪▪▪▪▫▪▫▪▪▪▫▪▪▪▫▪▪▫▪▪▪▪▫▪▪▫▪▪▪▫▪▫▪▪▪▪▫▪▪▫▪▪▪▫▪▪▪▫▪▫▪▪▪▪▫▪▪▪▫▪▪▫▪▪▪▫▪▪▫▪▪▪▫▪▪▪▪▫▪▫▪▪▪▫▪▪▪▫▪▪▪▪▫▪▫▪▪▪▫▪▪▫▪▪▪▫▪▪▫▪▪▪▪▫▪▫▪▪▪▫▪▪▪▫▪▪▫▪▪▪▪▫▪▪▫▪▪▪▫▪▫▪▪▪▪▫▪▪▫▪▪▪▫▪▪▪▫▪▫▪▪▪▪▫▪▪▪▫▪▪▫▪▪▪▫▪▪▫▪▪▪▫▪▪▪▪▫▪▫▪▪▪▫▪▪▪▫▪▪▪▪▫▪▫▪▪▪▫▪▪▫▪▪▪▫▪▪▫▪▪▪▪▫▪▫▪▪▪▫▪▪▪▫▪▪▫▪▪▪▪▫▪▪▫▪▪▪▫▪▫▪▪▪▪▫▪▪▫▪▪▪▫▪▪▪▫▪▫▪▪▪▪▫▪▪▪▫▪▪▫▪▪▪▫▪▪▫▪▪▪▫▪▪▪▪▫▪▫▪▪▪▫▪▪▪▫▪▪▪▪▫▪▫▪▪▪▫▪▪▫▪▪▪▫▪▪▫▪▪▪▪▫▪▫▪▪▪▫▪▪▪▫▪▪▫▪▪▪▪▫▪▪▫▪▪▪▫▪▫▪▪▪▪▫▪▪▫▪▪▪▫▪▪▪▫▪▫▪▪▪▪▫▪▪▪▫▪▪▫▪▪▪▫▪▪▫▪▪▪▫▪▪▪▪▫▪▫▪▪▪▫▪▪▪▫▪▪▪▪▫▪▫▪▪

▪▫▪▪▫▪▪▪▫▪▪▫▪▪▪▪▫▪▫▪▪▪▫▪▪▪▫▪▪▫▪▪▪▪▫▪▪▫▪▪▪▫▪▫▪▪▪▪▫▪▪▫▪▪▪▫▪▪▪▫▪▫▪▪▪▪▫▪▪▪▫▪▪▫▪▪▪▫▪▪▫▪▪▪▫▪▪▪▪▫▪▫▪▪▪▫▪▪▪▫▪▪▪▪▫▪▫▪▪▪▫▪▪▫▪▪▪▫▪▪▫▪▪▪▪▫▪▫▪▪▪▫▪▪▪▫▪▪▫▪▪▪▪▫▪▪▫▪▪▪▫▪▫▪▪▪▪▫▪▪▫▪▪▪▫▪▪▪▫▪▫▪▪▪▪▫▪▪▪▫▪▪▫▪▪▪▫▪▪▫▪▪▪▫▪▪▪▪▫▪▫▪▪▪▫▪▪▪▫▪▪▪▪▫▪▫▪▪▪▫▪▪▫▪▪▪▫▪▪▫▪▪▪▪▫▪▫▪▪▪▫▪▪▪▫▪▪▫▪▪▪▪▫▪▪▫▪▪▪▫▪▫▪▪▪▪▫▪▪▫▪▪▪▫▪▪▪▫▪▫▪▪▪▪▫▪▪▪▫▪▪▫▪▪▪▫▪▪▫▪▪▪▫▪▪▪▪▫▪▫▪▪▪▫▪▪▪▫▪▪▪▪▫▪▫▪▪

▪▫▪▪▫▪▪▪▫▪▪▫▪▪▪▪▫▪▫▪▪▪▫▪▪▪▫▪▪▫▪▪▪▪▫▪▪▫▪▪▪▫▪▫▪▪▪▪▫▪▪▫▪▪▪▫▪▪▪▫▪▫▪▪▪▪▫▪▪▪▫▪▪▫▪▪▪▫▪▪▫▪▪▪▫▪▪▪▪▫▪▫▪▪▪▫▪▪▪▫▪▪▪▪▫▪▫▪▪▪▫▪▪▫▪▪▪▫▪▪▫▪▪▪▪▫▪▫▪▪▪▫▪▪▪▫▪▪▫▪▪▪▪▫▪▪▫▪▪▪▫▪▫▪▪▪▪▫▪▪▫▪▪▪▫▪▪▪▫▪▫▪▪▪▪▫▪▪▪▫▪▪▫▪▪▪▫▪▪▫▪▪▪▫▪▪▪▪▫▪▫▪▪▪▫▪▪▪▫▪▪▪▪▫▪▫▪▪▪▫▪▪▫▪▪▪▫▪▪▫▪▪▪▪▫▪▫▪▪▪▫▪▪▪▫▪▪▫▪▪▪▪▫▪▪▫▪▪▪▫▪▫▪▪▪▪▫▪▪▫▪▪▪▫▪▪▪▫▪▫▪▪▪▪▫▪▪▪▫▪▪▫▪▪▪▫▪▪▫▪▪▪▫▪▪▪▪▫▪▫▪▪▪▫▪▪▪▫▪▪▪▪▫▪▫▪▪▪▫▪▪▫▪▪▪▫▪▪▫▪▪▪▪▫▪▫▪▪▪▫▪▪▪▫▪▪▫▪▪▪▪▫▪▪▫▪▪▪▫▪▫▪▪▪▪▫▪▪▫▪▪▪▫▪▪▪▫▪▫▪▪▪▪▫▪▪▪▫▪▪▫▪▪▪▫▪▪▫▪▪▪▫▪▪▪▪▫▪▫▪▪▪▫▪▪▪▫▪▪▪▪▫▪▫▪▪▪▫▪▪▫▪▪▪▫▪▪▫▪▪▪▪▫▪▫▪▪▪▫▪▪▪▫▪▪▫▪▪▪▪▫▪▪▫▪▪▪▫▪▫▪▪▪▪▫▪▪▫▪▪▪▫▪▪▪▫▪▫▪▪▪▪▫▪▪▪▫▪▪▫▪▪▪▫▪▪▫▪▪▪▫▪▪▪▪▫▪▫▪▪▪▫▪▪▪▫▪▪▪▪▫▪▫▪▪▪▫▪▪▫▪▪▪▫▪▪▫▪▪▪▪▫▪▫▪▪▪▫▪▪▪▫▪▪▫▪▪▪▪▫▪▪▫▪▪▪▫▪▫▪▪▪▪▫▪▪▫▪▪▪▫▪▪▪▫▪▫▪▪▪▪▫▪▪▪▫▪▪▫▪▪▪▫▪▪▫▪▪▪▫▪▪▪▪▫▪▫▪▪▪▫▪▪▪▫▪▪▪▪▫▪▫▪▪

▪▫▪▪▫▪▪▪▫▪▪▫▪▪▪▪▫▪▫▪▪▪▫▪▪▪▫▪▪▫▪▪▪▪▫▪▪▫▪▪▪▫▪▫▪▪▪▪▫▪▪▫▪▪▪▫▪▪▪▫▪▫▪▪▪▪▫▪▪▪▫▪▪▫▪▪▪▫▪▪▫▪▪▪▫▪▪▪▪▫▪▫▪▪▪▫▪▪▪▫▪▪▪▪▫▪▫▪▪▪▫▪▪▫▪▪▪▫▪▪▫▪▪▪▪▫▪▫▪▪▪▫▪▪▪▫▪▪▫▪▪▪▪▫▪▪▫▪▪▪▫▪▫▪▪▪▪▫▪▪▫▪▪▪▫▪▪▪▫▪▫▪▪▪▪▫▪▪▪▫▪▪▫▪▪▪▫▪▪▫▪▪▪▫▪▪▪▪▫▪▫▪▪▪▫▪▪▪▫▪▪▪▪▫▪▫▪▪▪▫▪▪▫▪▪▪▫▪▪▫▪▪▪▪▫▪▫▪▪▪▫▪▪▪▫▪▪▫▪▪▪▪▫▪▪▫▪▪▪▫▪▫▪▪▪▪▫▪▪▫▪▪▪▫▪▪▪▫▪▫▪▪▪▪▫▪▪▪▫▪▪▫▪▪▪▫▪▪▫▪▪▪▫▪▪▪▪▫▪▫▪▪▪▫▪▪▪▫▪▪▪▪▫▪▫▪▪▪▫▪▪▫▪▪▪▫▪▪▫▪▪▪▪▫▪▫▪▪▪▫▪▪▪▫▪▪▫▪▪▪▪▫▪▪▫▪▪▪▫▪▫▪▪▪▪▫▪▪▫▪▪▪▫▪▪▪▫▪▫▪▪▪▪▫▪▪▪▫▪▪▫▪▪▪▫▪▪▫▪▪▪▫▪▪▪▪▫▪▫▪▪▪▫▪▪▪▫▪▪▪▪▫▪▫▪▪

▪▫▪▪▫▪▪▪▫▪▪▫▪▪▪▪▫▪▫▪▪▪▫▪▪▪▫▪▪▫▪▪▪▪▫▪▪▫▪▪▪▫▪▫▪▪▪▪▫▪▪▫▪▪▪▫▪▪▪▫▪▫▪▪▪▪▫▪▪▪▫▪▪▫▪▪▪▫▪▪▫▪▪▪▫▪▪▪▪▫▪▫▪▪▪▫▪▪▪▫▪▪▪▪▫▪▫▪▪▪▫▪▪▫▪▪▪▫▪▪▫▪▪▪▪▫▪▫▪▪▪▫▪▪▪▫▪▪▫▪▪▪▪▫▪▪▫▪▪▪▫▪▫▪▪▪▪▫▪▪▫▪▪▪▫▪▪▪▫▪▫▪▪▪▪▫▪▪▪▫▪▪▫▪▪▪▫▪▪▫▪▪▪▫▪▪▪▪▫▪▫▪▪▪▫▪▪▪▫▪▪▪▪▫▪▫▪▪▪▫▪▪▫▪▪▪▫▪▪▫▪▪▪▪▫▪▫▪▪▪▫▪▪▪▫▪▪▫▪▪▪▪▫▪▪▫▪▪▪▫▪▫▪▪▪▪▫▪▪▫▪▪▪▫▪▪▪▫▪▫▪▪▪▪▫▪▪▪▫▪▪▫▪▪▪▫▪▪▫▪▪▪▫▪▪▪▪▫▪▫▪▪▪▫▪▪▪▫▪▪▪▪▫▪▫▪▪▪▫▪▪▫▪▪▪▫▪▪▫▪▪▪▪▫▪▫▪▪▪▫▪▪▪▫▪▪▫▪▪▪▪▫▪▪▫▪▪▪▫▪▫▪▪▪▪▫▪▪▫▪▪▪▫▪▪▪▫▪▫▪▪▪▪▫▪▪▪▫▪▪▫▪▪▪▫▪▪▫▪▪▪▫▪▪▪▪▫▪▫▪▪▪▫▪▪▪▫▪▪▪▪▫▪▫▪▪▪▫▪▪▫▪▪▪▫▪▪▫▪▪▪▪▫▪▫▪▪▪▫▪▪▪▫▪▪▫▪▪▪▪▫▪▪▫▪▪▪▫▪▫▪▪▪▪▫▪▪▫▪▪▪▫▪▪▪▫▪▫▪▪▪▪▫▪▪▪▫▪▪▫▪▪▪▫▪▪▫▪▪▪▫▪▪▪▪▫▪▫▪▪▪▫▪▪▪▫▪▪▪▪▫▪▫▪▪

▪▫▪▪▫▪▪▪▫▪▪▫▪▪▪▪▫▪▫▪▪▪▫▪▪▪▫▪▪▫▪▪▪▪▫▪▪▫▪▪▪▫▪▫▪▪▪▪▫▪▪▫▪▪▪▫▪▪▪▫▪▫▪▪▪▪▫▪▪▪▫▪▪▫▪▪▪▫▪▪▫▪▪▪▫▪▪▪▪▫▪▫▪▪▪▫▪▪▪▫▪▪▪▪▫▪▫▪▪▪▫▪▪▫▪▪▪▫▪▪▫▪▪▪▪▫▪▫▪▪▪▫▪▪▪▫▪▪▫▪▪▪▪▫▪▪▫▪▪▪▫▪▫▪▪▪▪▫▪▪▫▪▪▪▫▪▪▪▫▪▫▪▪▪▪▫▪▪▪▫▪▪▫▪▪▪▫▪▪▫▪▪▪▫▪▪▪▪▫▪▫▪▪▪▫▪▪▪▫▪▪▪▪▫▪▫▪▪▪▫▪▪▫▪▪▪▫▪▪▫▪▪▪▪▫▪▫▪▪▪▫▪▪▪▫▪▪▫▪▪▪▪▫▪▪▫▪▪▪▫▪▫▪▪▪▪▫▪▪▫▪▪▪▫▪▪▪▫▪▫▪▪▪▪▫▪▪▪▫▪▪▫▪▪▪▫▪▪▫▪▪▪▫▪▪▪▪▫▪▫▪▪▪▫▪▪▪▫▪▪▪▪▫▪▫▪▪

▪▫▪▪▫▪▪▪▫▪▪▫▪▪▪▪▫▪▫▪▪▪▫▪▪▪▫▪▪▫▪▪▪▪▫▪▪▫▪▪▪▫▪▫▪▪▪▪▫▪▪▫▪▪▪▫▪▪▪▫▪▫▪▪▪▪▫▪▪▪▫▪▪▫▪▪▪▫▪▪▫▪▪▪▫▪▪▪▪▫▪▫▪▪▪▫▪▪▪▫▪▪▪▪▫▪▫▪▪▪▫▪▪▫▪▪▪▫▪▪▫▪▪▪▪▫▪▫▪▪▪▫▪▪▪▫▪▪▫▪▪▪▪▫▪▪▫▪▪▪▫▪▫▪▪▪▪▫▪▪▫▪▪▪▫▪▪▪▫▪▫▪▪▪▪▫▪▪▪▫▪▪▫▪▪▪▫▪▪▫▪▪▪▫▪▪▪▪▫▪▫▪▪▪▫▪▪▪▫▪▪▪▪▫▪▫▪▪▪▫▪▪▫▪▪▪▫▪▪▫▪▪▪▪▫▪▫▪▪▪▫▪▪▪▫▪▪▫▪▪▪▪▫▪▪▫▪▪▪▫▪▫▪▪▪▪▫▪▪▫▪▪▪▫▪▪▪▫▪▫▪▪▪▪▫▪▪▪▫▪▪▫▪▪▪▫▪▪▫▪▪▪▫▪▪▪▪▫▪▫▪▪▪▫▪▪▪▫▪▪▪▪▫▪▫▪▪▪▫▪▪▫▪▪▪▫▪▪▫▪▪▪▪▫▪▫▪▪▪▫▪▪▪▫▪▪▫▪▪▪▪▫▪▪▫▪▪▪▫▪▫▪▪▪▪▫▪▪▫▪▪▪▫▪▪▪▫▪▫▪▪▪▪▫▪▪▪▫▪▪▫▪▪▪▫▪▪▫▪▪▪▫▪▪▪▪▫▪▫▪▪▪▫▪▪▪▫▪▪▪▪▫▪▫▪▪

▪▫▪▪▫▪▪▪▫▪▪▫▪▪▪▪▫▪▫▪▪▪▫▪▪▪▫▪▪▫▪▪▪▪▫▪▪▫▪▪▪▫▪▫▪▪▪▪▫▪▪▫▪▪▪▫▪▪▪▫▪▫▪▪▪▪▫▪▪▪▫▪▪▫▪▪▪▫▪▪▫▪▪▪▫▪▪▪▪▫▪▫▪▪▪▫▪▪▪▫▪▪▪▪▫▪▫▪▪▪▫▪▪▫▪▪▪▫▪▪▫▪▪▪▪▫▪▫▪▪▪▫▪▪▪▫▪▪▫▪▪▪▪▫▪▪▫▪▪▪▫▪▫▪▪▪▪▫▪▪▫▪▪▪▫▪▪▪▫▪▫▪▪▪▪▫▪▪▪▫▪▪▫▪▪▪▫▪▪▫▪▪▪▫▪▪▪▪▫▪▫▪▪▪▫▪▪▪▫▪▪▪▪▫▪▫▪▪▪▫▪▪▫▪▪▪▫▪▪▫▪▪▪▪▫▪▫▪▪▪▫▪▪▪▫▪▪▫▪▪▪▪▫▪▪▫▪▪▪▫▪▫▪▪▪▪▫▪▪▫▪▪▪▫▪▪▪▫▪▫▪▪▪▪▫▪▪▪▫▪▪▫▪▪▪▫▪▪▫▪▪▪▫▪▪▪▪▫▪▫▪▪▪▫▪▪▪▫▪▪▪▪▫▪▫▪▪▪▫▪▪▫▪▪▪▫▪▪▫▪▪▪▪▫▪▫▪▪▪▫▪▪▪▫▪▪▫▪▪▪▪▫▪▪▫▪▪▪▫▪▫▪▪▪▪▫▪▪▫▪▪▪▫▪▪▪▫▪▫▪▪▪▪▫▪▪▪▫▪▪▫▪▪▪▫▪▪▫▪▪▪▫▪▪▪▪▫▪▫▪▪▪▫▪▪▪▫▪▪▪▪▫▪▫▪▪▪▫▪▪▫▪▪▪▫▪▪▫▪▪▪▪▫▪▫▪▪▪▫▪▪▪▫▪▪▫▪▪▪▪▫▪▪▫▪▪▪▫▪▫▪▪▪▪▫▪▪▫▪▪▪▫▪▪▪▫▪▫▪▪▪▪▫▪▪▪▫▪▪▫▪▪▪▫▪▪▫▪▪▪▫▪▪▪▪▫▪▫▪▪▪▫▪▪▪▫▪▪▪▪▫▪▫▪▪

▪▫▪▪▫▪▪▪▫▪▪▫▪▪▪▪▫▪▫▪▪▪▫▪▪▪▫▪▪▫▪▪▪▪▫▪▪▫▪▪▪▫▪▫▪▪▪▪▫▪▪▫▪▪▪▫▪▪▪▫▪▫▪▪▪▪▫▪▪▪▫▪▪▫▪▪▪▫▪▪▫▪▪▪▫▪▪▪▪▫▪▫▪▪▪▫▪▪▪▫▪▪▪▪▫▪▫▪▪▪▫▪▪▫▪▪▪▫▪▪▫▪▪▪▪▫▪▫▪▪▪▫▪▪▪▫▪▪▫▪▪▪▪▫▪▪▫▪▪▪▫▪▫▪▪▪▪▫▪▪▫▪▪▪▫▪▪▪▫▪▫▪▪▪▪▫▪▪▪▫▪▪▫▪▪▪▫▪▪▫▪▪▪▫▪▪▪▪▫▪▫▪▪▪▫▪▪▪▫▪▪▪▪▫▪▫▪▪▪▫▪▪▫▪▪▪▫▪▪▫▪▪▪▪▫▪▫▪▪▪▫▪▪▪▫▪▪▫▪▪▪▪▫▪▪▫▪▪▪▫▪▫▪▪▪▪▫▪▪▫▪▪▪▫▪▪▪▫▪▫▪▪▪▪▫▪▪▪▫▪▪▫▪▪▪▫▪▪▫▪▪▪▫▪▪▪▪▫▪▫▪▪▪▫▪▪▪▫▪▪▪▪▫▪▫▪▪▪▫▪▪▫▪▪▪▫▪▪▫▪▪▪▪▫▪▫▪▪▪▫▪▪▪▫▪▪▫▪▪▪▪▫▪▪▫▪▪▪▫▪▫▪▪▪▪▫▪▪▫▪▪▪▫▪▪▪▫▪▫▪▪▪▪▫▪▪▪▫▪▪▫▪▪▪▫▪▪▫▪▪▪▫▪▪▪▪▫▪▫▪▪▪▫▪▪▪▫▪▪▪▪▫▪▫▪▪

▪▫▪▪▫▪▪▪▫▪▪▫▪▪▪▪▫▪▫▪▪▪▫▪▪▪▫▪▪▫▪▪▪▪▫▪▪▫▪▪▪▫▪▫▪▪▪▪▫▪▪▫▪▪▪▫▪▪▪▫▪▫▪▪▪▪▫▪▪▪▫▪▪▫▪▪▪▫▪▪▫▪▪▪▫▪▪▪▪▫▪▫▪▪▪▫▪▪▪▫▪▪▪▪▫▪▫▪▪▪▫▪▪▫▪▪▪▫▪▪▫▪▪▪▪▫▪▫▪▪▪▫▪▪▪▫▪▪▫▪▪▪▪▫▪▪▫▪▪▪▫▪▫▪▪▪▪▫▪▪▫▪▪▪▫▪▪▪▫▪▫▪▪▪▪▫▪▪▪▫▪▪▫▪▪▪▫▪▪▫▪▪▪▫▪▪▪▪▫▪▫▪▪▪▫▪▪▪▫▪▪▪▪▫▪▫▪▪▪▫▪▪▫▪▪▪▫▪▪▫▪▪▪▪▫▪▫▪▪▪▫▪▪▪▫▪▪▫▪▪▪▪▫▪▪▫▪▪▪▫▪▫▪▪▪▪▫▪▪▫▪▪▪▫▪▪▪▫▪▫▪▪▪▪▫▪▪▪▫▪▪▫▪▪▪▫▪▪▫▪▪▪▫▪▪▪▪▫▪▫▪▪▪▫▪▪▪▫▪▪▪▪▫▪▫▪▪▪▫▪▪▫▪▪▪▫▪▪▫▪▪▪▪▫▪▫▪▪▪▫▪▪▪▫▪▪▫▪▪▪▪▫▪▪▫▪▪▪▫▪▫▪▪▪▪▫▪▪▫▪▪▪▫▪▪▪▫▪▫▪▪▪▪▫▪▪▪▫▪▪▫▪▪▪▫▪▪▫▪▪▪▫▪▪▪▪▫▪▫▪▪▪▫▪▪▪▫▪▪▪▪▫▪▫▪▪▪▫▪▪▫▪▪▪▫▪▪▫▪▪▪▪▫▪▫▪▪▪▫▪▪▪▫▪▪▫▪▪▪▪▫▪▪▫▪▪▪▫▪▫▪▪▪▪▫▪▪▫▪▪▪▫▪▪▪▫▪▫▪▪▪▪▫▪▪▪▫▪▪▫▪▪▪▫▪▪▫▪▪▪▫▪▪▪▪▫▪▫▪▪▪▫▪▪▪▫▪▪▪▪▫▪▫▪▪▪▫▪▪▫▪▪▪▫▪▪▫▪▪▪▪▫▪▫▪▪▪▫▪▪▪▫▪▪▫▪▪▪▪▫▪▪▫▪▪▪▫▪▫▪▪▪▪▫▪▪▫▪▪▪▫▪▪▪▫▪▫▪▪▪▪▫▪▪▪▫▪▪▫▪▪▪▫▪▪▫▪▪▪▫▪▪▪▪▫▪▫▪▪▪▫▪▪▪▫▪▪▪▪▫▪▫▪▪

▪▫▪▪▫▪▪▪▫▪▪▫▪▪▪▪▫▪▫▪▪▪▫▪▪▪▫▪▪▫▪▪▪▪▫▪▪▫▪▪▪▫▪▫▪▪▪▪▫▪▪▫▪▪▪▫▪▪▪▫▪▫▪▪▪▪▫▪▪▪▫▪▪▫▪▪▪▫▪▪▫▪▪▪▫▪▪▪▪▫▪▫▪▪▪▫▪▪▪▫▪▪▪▪▫▪▫▪▪▪▫▪▪▫▪▪▪▫▪▪▫▪▪▪▪▫▪▫▪▪▪▫▪▪▪▫▪▪▫▪▪▪▪▫▪▪▫▪▪▪▫▪▫▪▪▪▪▫▪▪▫▪▪▪▫▪▪▪▫▪▫▪▪▪▪▫▪▪▪▫▪▪▫▪▪▪▫▪▪▫▪▪▪▫▪▪▪▪▫▪▫▪▪▪▫▪▪▪▫▪▪▪▪▫▪▫▪▪

▪▫▪▪▫▪▪▪▫▪▪▫▪▪▪▪▫▪▫▪▪▪▫▪▪▪▫▪▪▫▪▪▪▪▫▪▪▫▪▪▪▫▪▫▪▪▪▪▫▪▪▫▪▪▪▫▪▪▪▫▪▫▪▪▪▪▫▪▪▪▫▪▪▫▪▪▪▫▪▪▫▪▪▪▫▪▪▪▪▫▪▫▪▪▪▫▪▪▪▫▪▪▪▪▫▪▫▪▪▪▫▪▪▫▪▪▪▫▪▪▫▪▪▪▪▫▪▫▪▪▪▫▪▪▪▫▪▪▫▪▪▪▪▫▪▪▫▪▪▪▫▪▫▪▪▪▪▫▪▪▫▪▪▪▫▪▪▪▫▪▫▪▪▪▪▫▪▪▪▫▪▪▫▪▪▪▫▪▪▫▪▪▪▫▪▪▪▪▫▪▫▪▪▪▫▪▪▪▫▪▪▪▪▫▪▫▪▪▪▫▪▪▫▪▪▪▫▪▪▫▪▪▪▪▫▪▫▪▪▪▫▪▪▪▫▪▪▫▪▪▪▪▫▪▪▫▪▪▪▫▪▫▪▪▪▪▫▪▪▫▪▪▪▫▪▪▪▫▪▫▪▪▪▪▫▪▪▪▫▪▪▫▪▪▪▫▪▪▫▪▪▪▫▪▪▪▪▫▪▫▪▪▪▫▪▪▪▫▪▪▪▪▫▪▫▪▪

▪▫▪▪▫▪▪▪▫▪▪▫▪▪▪▪▫▪▫▪▪▪▫▪▪▪▫▪▪▫▪▪▪▪▫▪▪▫▪▪▪▫▪▫▪▪▪▪▫▪▪▫▪▪▪▫▪▪▪▫▪▫▪▪▪▪▫▪▪▪▫▪▪▫▪▪▪▫▪▪▫▪▪▪▫▪▪▪▪▫▪▫▪▪▪▫▪▪▪▫▪▪▪▪▫▪▫▪▪▪▫▪▪▫▪▪▪▫▪▪▫▪▪▪▪▫▪▫▪▪▪▫▪▪▪▫▪▪▫▪▪▪▪▫▪▪▫▪▪▪▫▪▫▪▪▪▪▫▪▪▫▪▪▪▫▪▪▪▫▪▫▪▪▪▪▫▪▪▪▫▪▪▫▪▪▪▫▪▪▫▪▪▪▫▪▪▪▪▫▪▫▪▪▪▫▪▪▪▫▪▪▪▪▫▪▫▪▪

▪▫▪▪▫▪▪▪▫▪▪▫▪▪▪▪▫▪▫▪▪▪▫▪▪▪▫▪▪▫▪▪▪▪▫▪▪▫▪▪▪▫▪▫▪▪▪▪▫▪▪▫▪▪▪▫▪▪▪▫▪▫▪▪▪▪▫▪▪▪▫▪▪▫▪▪▪▫▪▪▫▪▪▪▫▪▪▪▪▫▪▫▪▪▪▫▪▪▪▫▪▪▪▪▫▪▫▪▪▪▫▪▪▫▪▪▪▫▪▪▫▪▪▪▪▫▪▫▪▪▪▫▪▪▪▫▪▪▫▪▪▪▪▫▪▪▫▪▪▪▫▪▫▪▪▪▪▫▪▪▫▪▪▪▫▪▪▪▫▪▫▪▪▪▪▫▪▪▪▫▪▪▫▪▪▪▫▪▪▫▪▪▪▫▪▪▪▪▫▪▫▪▪▪▫▪▪▪▫▪▪▪▪▫▪▫▪▪

▪▫▪▪▫▪▪▪▫▪▪▫▪▪▪▪▫▪▫▪▪▪▫▪▪▪▫▪▪▫▪▪▪▪▫▪▪▫▪▪▪▫▪▫▪▪▪▪▫▪▪▫▪▪▪▫▪▪▪▫▪▫▪▪▪▪▫▪▪▪▫▪▪▫▪▪▪▫▪▪▫▪▪▪▫▪▪▪▪▫▪▫▪▪▪▫▪▪▪▫▪▪▪▪▫▪▫▪▪

▪▫▪▪▫▪▪▪▫▪▪▫▪▪▪▪▫▪▫▪▪▪▫▪▪▪▫▪▪▫▪▪▪▪▫▪▪▫▪▪▪▫▪▫▪▪▪▪▫▪▪▫▪▪▪▫▪▪▪▫▪▫▪▪▪▪▫▪▪▪▫▪▪▫▪▪▪▫▪▪▫▪▪▪▫▪▪▪▪▫▪▫▪▪▪▫▪▪▪▫▪▪▪▪▫▪▫▪▪

▪▫▪▪▫▪▪▪▫▪▪▫▪▪▪▪▫▪▫▪▪▪▫▪▪▪▫▪▪▫▪▪▪▪▫▪▪▫▪▪▪▫▪▫▪▪▪▪▫▪▪▫▪▪▪▫▪▪▪▫▪▫▪▪▪▪▫▪▪▪▫▪▪▫▪▪▪▫▪▪▫▪▪▪▫▪▪▪▪▫▪▫▪▪▪▫▪▪▪▫▪▪▪▪▫▪▫▪▪▪▫▪▪▫▪▪▪▫▪▪▫▪▪▪▪▫▪▫▪▪▪▫▪▪▪▫▪▪▫▪▪▪▪▫▪▪▫▪▪▪▫▪▫▪▪▪▪▫▪▪▫▪▪▪▫▪▪▪▫▪▫▪▪▪▪▫▪▪▪▫▪▪▫▪▪▪▫▪▪▫▪▪▪▫▪▪▪▪▫▪▫▪▪▪▫▪▪▪▫▪▪▪▪▫▪▫▪▪

▪▫▪▪▫▪▪▪▫▪▪▫▪▪▪▪▫▪▫▪▪▪▫▪▪▪▫▪▪▫▪▪▪▪▫▪▪▫▪▪▪▫▪▫▪▪▪▪▫▪▪▫▪▪▪▫▪▪▪▫▪▫▪▪▪▪▫▪▪▪▫▪▪▫▪▪▪▫▪▪▫▪▪▪▫▪▪▪▪▫▪▫▪▪▪▫▪▪▪▫▪▪▪▪▫▪▫▪▪

▪▫▪▪▫▪▪▪▫▪▪▫▪▪▪▪▫▪▫▪▪▪▫▪▪▪▫▪▪▫▪▪▪▪▫▪▪▫▪▪▪▫▪▫▪▪▪▪▫▪▪▫▪▪▪▫▪▪▪▫▪▫▪▪▪▪▫▪▪▪▫▪▪▫▪▪▪▫▪▪▫▪▪▪▫▪▪▪▪▫▪▫▪▪▪▫▪▪▪▫▪▪▪▪▫▪▫▪▪

▪▫▪▪▫▪▪▪▫▪▪▫▪▪▪▪▫▪▫▪▪▪▫▪▪▪▫▪▪▫▪▪▪▪▫▪▪▫▪▪▪▫▪▫▪▪▪▪▫▪▪▫▪▪▪▫▪▪▪▫▪▫▪▪▪▪▫▪▪▪▫▪▪▫▪▪▪▫▪▪▫▪▪▪▫▪▪▪▪▫▪▫▪▪▪▫▪▪▪▫▪▪▪▪▫▪▫▪▪▪▫▪▪▫▪▪▪▫▪▪▫▪▪▪▪▫▪▫▪▪▪▫▪▪▪▫▪▪▫▪▪▪▪▫▪▪▫▪▪▪▫▪▫▪▪▪▪▫▪▪▫▪▪▪▫▪▪▪▫▪▫▪▪▪▪▫▪▪▪▫▪▪▫▪▪▪▫▪▪▫▪▪▪▫▪▪▪▪▫▪▫▪▪▪▫▪▪▪▫▪▪▪▪▫▪▫▪▪▪▫▪▪▫▪▪▪▫▪▪▫▪▪▪▪▫▪▫▪▪▪▫▪▪▪▫▪▪▫▪▪▪▪▫▪▪▫▪▪▪▫▪▫▪▪▪▪▫▪▪▫▪▪▪▫▪▪▪▫▪▫▪▪▪▪▫▪▪▪▫▪▪▫▪▪▪▫▪▪▫▪▪▪▫▪▪▪▪▫▪▫▪▪▪▫▪▪▪▫▪▪▪▪▫▪▫▪▪

▪▫▪▪▫▪▪▪▫▪▪▫▪▪▪▪▫▪▫▪▪▪▫▪▪▪▫▪▪▫▪▪▪▪▫▪▪▫▪▪▪▫▪▫▪▪▪▪▫▪▪▫▪▪▪▫▪▪▪▫▪▫▪▪▪▪▫▪▪▪▫▪▪▫▪▪▪▫▪▪▫▪▪▪▫▪▪▪▪▫▪▫▪▪▪▫▪▪▪▫▪▪▪▪▫▪▫▪▪▪▫▪▪▫▪▪▪▫▪▪▫▪▪▪▪▫▪▫▪▪▪▫▪▪▪▫▪▪▫▪▪▪▪▫▪▪▫▪▪▪▫▪▫▪▪▪▪▫▪▪▫▪▪▪▫▪▪▪▫▪▫▪▪▪▪▫▪▪▪▫▪▪▫▪▪▪▫▪▪▫▪▪▪▫▪▪▪▪▫▪▫▪▪▪▫▪▪▪▫▪▪▪▪▫▪▫▪▪▪▫▪▪▫▪▪▪▫▪▪▫▪▪▪▪▫▪▫▪▪▪▫▪▪▪▫▪▪▫▪▪▪▪▫▪▪▫▪▪▪▫▪▫▪▪▪▪▫▪▪▫▪▪▪▫▪▪▪▫▪▫▪▪▪▪▫▪▪▪▫▪▪▫▪▪▪▫▪▪▫▪▪▪▫▪▪▪▪▫▪▫▪▪▪▫▪▪▪▫▪▪▪▪▫▪▫▪▪▪▫▪▪▫▪▪▪▫▪▪▫▪▪▪▪▫▪▫▪▪▪▫▪▪▪▫▪▪▫▪▪▪▪▫▪▪▫▪▪▪▫▪▫▪▪▪▪▫▪▪▫▪▪▪▫▪▪▪▫▪▫▪▪▪▪▫▪▪▪▫▪▪▫▪▪▪▫▪▪▫▪▪▪▫▪▪▪▪▫▪▫▪▪▪▫▪▪▪▫▪▪▪▪▫▪▫▪▪▪▫▪▪▫▪▪▪▫▪▪▫▪▪▪▪▫▪▫▪▪▪▫▪▪▪▫▪▪▫▪▪▪▪▫▪▪▫▪▪▪▫▪▫▪▪▪▪▫▪▪▫▪▪▪▫▪▪▪▫▪▫▪▪▪▪▫▪▪▪▫▪▪▫▪▪▪▫▪▪▫▪▪▪▫▪▪▪▪▫▪▫▪▪▪▫▪▪▪▫▪▪▪▪▫▪▫▪▪▪▫▪▪▫▪▪▪▫▪▪▫▪▪▪▪▫▪▫▪▪▪▫▪▪▪▫▪▪▫▪▪▪▪▫▪▪▫▪▪▪▫▪▫▪▪▪▪▫▪▪▫▪▪▪▫▪▪▪▫▪▫▪▪▪▪▫▪▪▪▫▪▪▫▪▪▪▫▪▪▫▪▪▪▫▪▪▪▪▫▪▫▪▪▪▫▪▪▪▫▪▪▪▪▫▪▫▪▪▪▫▪▪▫▪▪▪▫▪▪▫▪▪▪▪▫▪▫▪▪▪▫▪▪▪▫▪▪▫▪▪▪▪▫▪▪▫▪▪▪▫▪▫▪▪▪▪▫▪▪▫▪▪▪▫▪▪▪▫▪▫▪▪▪▪▫▪▪▪▫▪▪▫▪▪▪▫▪▪▫▪▪▪▫▪▪▪▪▫▪▫▪▪▪▫▪▪▪▫▪▪▪▪▫▪▫▪▪

▪▫▪▪▫▪▪▪▫▪▪▫▪▪▪▪▫▪▫▪▪▪▫▪▪▪▫▪▪▫▪▪▪▪▫▪▪▫▪▪▪▫▪▫▪▪▪▪▫▪▪▫▪▪▪▫▪▪▪▫▪▫▪▪▪▪▫▪▪▪▫▪▪▫▪▪▪▫▪▪▫▪▪▪▫▪▪▪▪▫▪▫▪▪▪▫▪▪▪▫▪▪▪▪▫▪▫▪▪▪▫▪▪▫▪▪▪▫▪▪▫▪▪▪▪▫▪▫▪▪▪▫▪▪▪▫▪▪▫▪▪▪▪▫▪▪▫▪▪▪▫▪▫▪▪▪▪▫▪▪▫▪▪▪▫▪▪▪▫▪▫▪▪▪▪▫▪▪▪▫▪▪▫▪▪▪▫▪▪▫▪▪▪▫▪▪▪▪▫▪▫▪▪▪▫▪▪▪▫▪▪▪▪▫▪▫▪▪▪▫▪▪▫▪▪▪▫▪▪▫▪▪▪▪▫▪▫▪▪▪▫▪▪▪▫▪▪▫▪▪▪▪▫▪▪▫▪▪▪▫▪▫▪▪▪▪▫▪▪▫▪▪▪▫▪▪▪▫▪▫▪▪▪▪▫▪▪▪▫▪▪▫▪▪▪▫▪▪▫▪▪▪▫▪▪▪▪▫▪▫▪▪▪▫▪▪▪▫▪▪▪▪▫▪▫▪▪▪▫▪▪▫▪▪▪▫▪▪▫▪▪▪▪▫▪▫▪▪▪▫▪▪▪▫▪▪▫▪▪▪▪▫▪▪▫▪▪▪▫▪▫▪▪▪▪▫▪▪▫▪▪▪▫▪▪▪▫▪▫▪▪▪▪▫▪▪▪▫▪▪▫▪▪▪▫▪▪▫▪▪▪▫▪▪▪▪▫▪▫▪▪▪▫▪▪▪▫▪▪▪▪▫▪▫▪▪

▪▫▪▪▫▪▪▪▫▪▪▫▪▪▪▪▫▪▫▪▪▪▫▪▪▪▫▪▪▫▪▪▪▪▫▪▪▫▪▪▪▫▪▫▪▪▪▪▫▪▪▫▪▪▪▫▪▪▪▫▪▫▪▪▪▪▫▪▪▪▫▪▪▫▪▪▪▫▪▪▫▪▪▪▫▪▪▪▪▫▪▫▪▪▪▫▪▪▪▫▪▪▪▪▫▪▫▪▪▪▫▪▪▫▪▪▪▫▪▪▫▪▪▪▪▫▪▫▪▪▪▫▪▪▪▫▪▪▫▪▪▪▪▫▪▪▫▪▪▪▫▪▫▪▪▪▪▫▪▪▫▪▪▪▫▪▪▪▫▪▫▪▪▪▪▫▪▪▪▫▪▪▫▪▪▪▫▪▪▫▪▪▪▫▪▪▪▪▫▪▫▪▪▪▫▪▪▪▫▪▪▪▪▫▪▫▪▪▪▫▪▪▫▪▪▪▫▪▪▫▪▪▪▪▫▪▫▪▪▪▫▪▪▪▫▪▪▫▪▪▪▪▫▪▪▫▪▪▪▫▪▫▪▪▪▪▫▪▪▫▪▪▪▫▪▪▪▫▪▫▪▪▪▪▫▪▪▪▫▪▪▫▪▪▪▫▪▪▫▪▪▪▫▪▪▪▪▫▪▫▪▪▪▫▪▪▪▫▪▪▪▪▫▪▫▪▪▪▫▪▪▫▪▪▪▫▪▪▫▪▪▪▪▫▪▫▪▪▪▫▪▪▪▫▪▪▫▪▪▪▪▫▪▪▫▪▪▪▫▪▫▪▪▪▪▫▪▪▫▪▪▪▫▪▪▪▫▪▫▪▪▪▪▫▪▪▪▫▪▪▫▪▪▪▫▪▪▫▪▪▪▫▪▪▪▪▫▪▫▪▪▪▫▪▪▪▫▪▪▪▪▫▪▫▪▪▪▫▪▪▫▪▪▪▫▪▪▫▪▪▪▪▫▪▫▪▪▪▫▪▪▪▫▪▪▫▪▪▪▪▫▪▪▫▪▪▪▫▪▫▪▪▪▪▫▪▪▫▪▪▪▫▪▪▪▫▪▫▪▪▪▪▫▪▪▪▫▪▪▫▪▪▪▫▪▪▫▪▪▪▫▪▪▪▪▫▪▫▪▪▪▫▪▪▪▫▪▪▪▪▫▪▫▪▪▪▫▪▪▫▪▪▪▫▪▪▫▪▪▪▪▫▪▫▪▪▪▫▪▪▪▫▪▪▫▪▪▪▪▫▪▪▫▪▪▪▫▪▫▪▪▪▪▫▪▪▫▪▪▪▫▪▪▪▫▪▫▪▪▪▪▫▪▪▪▫▪▪▫▪▪▪▫▪▪▫▪▪▪▫▪▪▪▪▫▪▫▪▪▪▫▪▪▪▫▪▪▪▪▫▪▫▪▪

▪▫▪▪▫▪▪▪▫▪▪▫▪▪▪▪▫▪▫▪▪▪▫▪▪▪▫▪▪▫▪▪▪▪▫▪▪▫▪▪▪▫▪▫▪▪▪▪▫▪▪▫▪▪▪▫▪▪▪▫▪▫▪▪▪▪▫▪▪▪▫▪▪▫▪▪▪▫▪▪▫▪▪▪▫▪▪▪▪▫▪▫▪▪▪▫▪▪▪▫▪▪▪▪▫▪▫▪▪▪▫▪▪▫▪▪▪▫▪▪▫▪▪▪▪▫▪▫▪▪▪▫▪▪▪▫▪▪▫▪▪▪▪▫▪▪▫▪▪▪▫▪▫▪▪▪▪▫▪▪▫▪▪▪▫▪▪▪▫▪▫▪▪▪▪▫▪▪▪▫▪▪▫▪▪▪▫▪▪▫▪▪▪▫▪▪▪▪▫▪▫▪▪▪▫▪▪▪▫▪▪▪▪▫▪▫▪▪▪▫▪▪▫▪▪▪▫▪▪▫▪▪▪▪▫▪▫▪▪▪▫▪▪▪▫▪▪▫▪▪▪▪▫▪▪▫▪▪▪▫▪▫▪▪▪▪▫▪▪▫▪▪▪▫▪▪▪▫▪▫▪▪▪▪▫▪▪▪▫▪▪▫▪▪▪▫▪▪▫▪▪▪▫▪▪▪▪▫▪▫▪▪▪▫▪▪▪▫▪▪▪▪▫▪▫▪▪

▪▫▪▪▫▪▪▪▫▪▪▫▪▪▪▪▫▪▫▪▪▪▫▪▪▪▫▪▪▫▪▪▪▪▫▪▪▫▪▪▪▫▪▫▪▪▪▪▫▪▪▫▪▪▪▫▪▪▪▫▪▫▪▪▪▪▫▪▪▪▫▪▪▫▪▪▪▫▪▪▫▪▪▪▫▪▪▪▪▫▪▫▪▪▪▫▪▪▪▫▪▪▪▪▫▪▫▪▪▪▫▪▪▫▪▪▪▫▪▪▫▪▪▪▪▫▪▫▪▪▪▫▪▪▪▫▪▪▫▪▪▪▪▫▪▪▫▪▪▪▫▪▫▪▪▪▪▫▪▪▫▪▪▪▫▪▪▪▫▪▫▪▪▪▪▫▪▪▪▫▪▪▫▪▪▪▫▪▪▫▪▪▪▫▪▪▪▪▫▪▫▪▪▪▫▪▪▪▫▪▪▪▪▫▪▫▪▪▪▫▪▪▫▪▪▪▫▪▪▫▪▪▪▪▫▪▫▪▪▪▫▪▪▪▫▪▪▫▪▪▪▪▫▪▪▫▪▪▪▫▪▫▪▪▪▪▫▪▪▫▪▪▪▫▪▪▪▫▪▫▪▪▪▪▫▪▪▪▫▪▪▫▪▪▪▫▪▪▫▪▪▪▫▪▪▪▪▫▪▫▪▪▪▫▪▪▪▫▪▪▪▪▫▪▫▪▪▪▫▪▪▫▪▪▪▫▪▪▫▪▪▪▪▫▪▫▪▪▪▫▪▪▪▫▪▪▫▪▪▪▪▫▪▪▫▪▪▪▫▪▫▪▪▪▪▫▪▪▫▪▪▪▫▪▪▪▫▪▫▪▪▪▪▫▪▪▪▫▪▪▫▪▪▪▫▪▪▫▪▪▪▫▪▪▪▪▫▪▫▪▪▪▫▪▪▪▫▪▪▪▪▫▪▫▪▪▪▫▪▪▫▪▪▪▫▪▪▫▪▪▪▪▫▪▫▪▪▪▫▪▪▪▫▪▪▫▪▪▪▪▫▪▪▫▪▪▪▫▪▫▪▪▪▪▫▪▪▫▪▪▪▫▪▪▪▫▪▫▪▪▪▪▫▪▪▪▫▪▪▫▪▪▪▫▪▪▫▪▪▪▫▪▪▪▪▫▪▫▪▪▪▫▪▪▪▫▪▪▪▪▫▪▫▪▪

▪▫▪▪▫▪▪▪▫▪▪▫▪▪▪▪▫▪▫▪▪▪▫▪▪▪▫▪▪▫▪▪▪▪▫▪▪▫▪▪▪▫▪▫▪▪▪▪▫▪▪▫▪▪▪▫▪▪▪▫▪▫▪▪▪▪▫▪▪▪▫▪▪▫▪▪▪▫▪▪▫▪▪▪▫▪▪▪▪▫▪▫▪▪▪▫▪▪▪▫▪▪▪▪▫▪▫▪▪▪▫▪▪▫▪▪▪▫▪▪▫▪▪▪▪▫▪▫▪▪▪▫▪▪▪▫▪▪▫▪▪▪▪▫▪▪▫▪▪▪▫▪▫▪▪▪▪▫▪▪▫▪▪▪▫▪▪▪▫▪▫▪▪▪▪▫▪▪▪▫▪▪▫▪▪▪▫▪▪▫▪▪▪▫▪▪▪▪▫▪▫▪▪▪▫▪▪▪▫▪▪▪▪▫▪▫▪▪

▪▫▪▪▫▪▪▪▫▪▪▫▪▪▪▪▫▪▫▪▪▪▫▪▪▪▫▪▪▫▪▪▪▪▫▪▪▫▪▪▪▫▪▫▪▪▪▪▫▪▪▫▪▪▪▫▪▪▪▫▪▫▪▪▪▪▫▪▪▪▫▪▪▫▪▪▪▫▪▪▫▪▪▪▫▪▪▪▪▫▪▫▪▪▪▫▪▪▪▫▪▪▪▪▫▪▫▪▪▪▫▪▪▫▪▪▪▫▪▪▫▪▪▪▪▫▪▫▪▪▪▫▪▪▪▫▪▪▫▪▪▪▪▫▪▪▫▪▪▪▫▪▫▪▪▪▪▫▪▪▫▪▪▪▫▪▪▪▫▪▫▪▪▪▪▫▪▪▪▫▪▪▫▪▪▪▫▪▪▫▪▪▪▫▪▪▪▪▫▪▫▪▪▪▫▪▪▪▫▪▪▪▪▫▪▫▪▪▪▫▪▪▫▪▪▪▫▪▪▫▪▪▪▪▫▪▫▪▪▪▫▪▪▪▫▪▪▫▪▪▪▪▫▪▪▫▪▪▪▫▪▫▪▪▪▪▫▪▪▫▪▪▪▫▪▪▪▫▪▫▪▪▪▪▫▪▪▪▫▪▪▫▪▪▪▫▪▪▫▪▪▪▫▪▪▪▪▫▪▫▪▪▪▫▪▪▪▫▪▪▪▪▫▪▫▪▪▪▫▪▪▫▪▪▪▫▪▪▫▪▪▪▪▫▪▫▪▪▪▫▪▪▪▫▪▪▫▪▪▪▪▫▪▪▫▪▪▪▫▪▫▪▪▪▪▫▪▪▫▪▪▪▫▪▪▪▫▪▫▪▪▪▪▫▪▪▪▫▪▪▫▪▪▪▫▪▪▫▪▪▪▫▪▪▪▪▫▪▫▪▪▪▫▪▪▪▫▪▪▪▪▫▪▫▪▪

▪▫▪▪▫▪▪▪▫▪▪▫▪▪▪▪▫▪▫▪▪▪▫▪▪▪▫▪▪▫▪▪▪▪▫▪▪▫▪▪▪▫▪▫▪▪▪▪▫▪▪▫▪▪▪▫▪▪▪▫▪▫▪▪▪▪▫▪▪▪▫▪▪▫▪▪▪▫▪▪▫▪▪▪▫▪▪▪▪▫▪▫▪▪▪▫▪▪▪▫▪▪▪▪▫▪▫▪▪▪▫▪▪▫▪▪▪▫▪▪▫▪▪▪▪▫▪▫▪▪▪▫▪▪▪▫▪▪▫▪▪▪▪▫▪▪▫▪▪▪▫▪▫▪▪▪▪▫▪▪▫▪▪▪▫▪▪▪▫▪▫▪▪▪▪▫▪▪▪▫▪▪▫▪▪▪▫▪▪▫▪▪▪▫▪▪▪▪▫▪▫▪▪▪▫▪▪▪▫▪▪▪▪▫▪▫▪▪▪▫▪▪▫▪▪▪▫▪▪▫▪▪▪▪▫▪▫▪▪▪▫▪▪▪▫▪▪▫▪▪▪▪▫▪▪▫▪▪▪▫▪▫▪▪▪▪▫▪▪▫▪▪▪▫▪▪▪▫▪▫▪▪▪▪▫▪▪▪▫▪▪▫▪▪▪▫▪▪▫▪▪▪▫▪▪▪▪▫▪▫▪▪▪▫▪▪▪▫▪▪▪▪▫▪▫▪▪▪▫▪▪▫▪▪▪▫▪▪▫▪▪▪▪▫▪▫▪▪▪▫▪▪▪▫▪▪▫▪▪▪▪▫▪▪▫▪▪▪▫▪▫▪▪▪▪▫▪▪▫▪▪▪▫▪▪▪▫▪▫▪▪▪▪▫▪▪▪▫▪▪▫▪▪▪▫▪▪▫▪▪▪▫▪▪▪▪▫▪▫▪▪▪▫▪▪▪▫▪▪▪▪▫▪▫▪▪▪▫▪▪▫▪▪▪▫▪▪▫▪▪▪▪▫▪▫▪▪▪▫▪▪▪▫▪▪▫▪▪▪▪▫▪▪▫▪▪▪▫▪▫▪▪▪▪▫▪▪▫▪▪▪▫▪▪▪▫▪▫▪▪▪▪▫▪▪▪▫▪▪▫▪▪▪▫▪▪▫▪▪▪▫▪▪▪▪▫▪▫▪▪▪▫▪▪▪▫▪▪▪▪▫▪▫▪▪

▪▫▪▪▫▪▪▪▫▪▪▫▪▪▪▪▫▪▫▪▪▪▫▪▪▪▫▪▪▫▪▪▪▪▫▪▪▫▪▪▪▫▪▫▪▪▪▪▫▪▪▫▪▪▪▫▪▪▪▫▪▫▪▪▪▪▫▪▪▪▫▪▪▫▪▪▪▫▪▪▫▪▪▪▫▪▪▪▪▫▪▫▪▪▪▫▪▪▪▫▪▪▪▪▫▪▫▪▪▪▫▪▪▫▪▪▪▫▪▪▫▪▪▪▪▫▪▫▪▪▪▫▪▪▪▫▪▪▫▪▪▪▪▫▪▪▫▪▪▪▫▪▫▪▪▪▪▫▪▪▫▪▪▪▫▪▪▪▫▪▫▪▪▪▪▫▪▪▪▫▪▪▫▪▪▪▫▪▪▫▪▪▪▫▪▪▪▪▫▪▫▪▪▪▫▪▪▪▫▪▪▪▪▫▪▫▪▪▪▫▪▪▫▪▪▪▫▪▪▫▪▪▪▪▫▪▫▪▪▪▫▪▪▪▫▪▪▫▪▪▪▪▫▪▪▫▪▪▪▫▪▫▪▪▪▪▫▪▪▫▪▪▪▫▪▪▪▫▪▫▪▪▪▪▫▪▪▪▫▪▪▫▪▪▪▫▪▪▫▪▪▪▫▪▪▪▪▫▪▫▪▪▪▫▪▪▪▫▪▪▪▪▫▪▫▪▪

▪▫▪▪▫▪▪▪▫▪▪▫▪▪▪▪▫▪▫▪▪▪▫▪▪▪▫▪▪▫▪▪▪▪▫▪▪▫▪▪▪▫▪▫▪▪▪▪▫▪▪▫▪▪▪▫▪▪▪▫▪▫▪▪▪▪▫▪▪▪▫▪▪▫▪▪▪▫▪▪▫▪▪▪▫▪▪▪▪▫▪▫▪▪▪▫▪▪▪▫▪▪▪▪▫▪▫▪▪▪▫▪▪▫▪▪▪▫▪▪▫▪▪▪▪▫▪▫▪▪▪▫▪▪▪▫▪▪▫▪▪▪▪▫▪▪▫▪▪▪▫▪▫▪▪▪▪▫▪▪▫▪▪▪▫▪▪▪▫▪▫▪▪▪▪▫▪▪▪▫▪▪▫▪▪▪▫▪▪▫▪▪▪▫▪▪▪▪▫▪▫▪▪▪▫▪▪▪▫▪▪▪▪▫▪▫▪▪▪▫▪▪▫▪▪▪▫▪▪▫▪▪▪▪▫▪▫▪▪▪▫▪▪▪▫▪▪▫▪▪▪▪▫▪▪▫▪▪▪▫▪▫▪▪▪▪▫▪▪▫▪▪▪▫▪▪▪▫▪▫▪▪▪▪▫▪▪▪▫▪▪▫▪▪▪▫▪▪▫▪▪▪▫▪▪▪▪▫▪▫▪▪▪▫▪▪▪▫▪▪▪▪▫▪▫▪▪▪▫▪▪▫▪▪▪▫▪▪▫▪▪▪▪▫▪▫▪▪▪▫▪▪▪▫▪▪▫▪▪▪▪▫▪▪▫▪▪▪▫▪▫▪▪▪▪▫▪▪▫▪▪▪▫▪▪▪▫▪▫▪▪▪▪▫▪▪▪▫▪▪▫▪▪▪▫▪▪▫▪▪▪▫▪▪▪▪▫▪▫▪▪▪▫▪▪▪▫▪▪▪▪▫▪▫▪▪▪▫▪▪▫▪▪▪▫▪▪▫▪▪▪▪▫▪▫▪▪▪▫▪▪▪▫▪▪▫▪▪▪▪▫▪▪▫▪▪▪▫▪▫▪▪▪▪▫▪▪▫▪▪▪▫▪▪▪▫▪▫▪▪▪▪▫▪▪▪▫▪▪▫▪▪▪▫▪▪▫▪▪▪▫▪▪▪▪▫▪▫▪▪▪▫▪▪▪▫▪▪▪▪▫▪▫▪▪▪▫▪▪▫▪▪▪▫▪▪▫▪▪▪▪▫▪▫▪▪▪▫▪▪▪▫▪▪▫▪▪▪▪▫▪▪▫▪▪▪▫▪▫▪▪▪▪▫▪▪▫▪▪▪▫▪▪▪▫▪▫▪▪▪▪▫▪▪▪▫▪▪▫▪▪▪▫▪▪▫▪▪▪▫▪▪▪▪▫▪▫▪▪▪▫▪▪▪▫▪▪▪▪▫▪▫▪▪

▪▫▪▪▫▪▪▪▫▪▪▫▪▪▪▪▫▪▫▪▪▪▫▪▪▪▫▪▪▫▪▪▪▪▫▪▪▫▪▪▪▫▪▫▪▪▪▪▫▪▪▫▪▪▪▫▪▪▪▫▪▫▪▪▪▪▫▪▪▪▫▪▪▫▪▪▪▫▪▪▫▪▪▪▫▪▪▪▪▫▪▫▪▪▪▫▪▪▪▫▪▪▪▪▫▪▫▪▪▪▫▪▪▫▪▪▪▫▪▪▫▪▪▪▪▫▪▫▪▪▪▫▪▪▪▫▪▪▫▪▪▪▪▫▪▪▫▪▪▪▫▪▫▪▪▪▪▫▪▪▫▪▪▪▫▪▪▪▫▪▫▪▪▪▪▫▪▪▪▫▪▪▫▪▪▪▫▪▪▫▪▪▪▫▪▪▪▪▫▪▫▪▪▪▫▪▪▪▫▪▪▪▪▫▪▫▪▪▪▫▪▪▫▪▪▪▫▪▪▫▪▪▪▪▫▪▫▪▪▪▫▪▪▪▫▪▪▫▪▪▪▪▫▪▪▫▪▪▪▫▪▫▪▪▪▪▫▪▪▫▪▪▪▫▪▪▪▫▪▫▪▪▪▪▫▪▪▪▫▪▪▫▪▪▪▫▪▪▫▪▪▪▫▪▪▪▪▫▪▫▪▪▪▫▪▪▪▫▪▪▪▪▫▪▫▪▪▪▫▪▪▫▪▪▪▫▪▪▫▪▪▪▪▫▪▫▪▪▪▫▪▪▪▫▪▪▫▪▪▪▪▫▪▪▫▪▪▪▫▪▫▪▪▪▪▫▪▪▫▪▪▪▫▪▪▪▫▪▫▪▪▪▪▫▪▪▪▫▪▪▫▪▪▪▫▪▪▫▪▪▪▫▪▪▪▪▫▪▫▪▪▪▫▪▪▪▫▪▪▪▪▫▪▫▪▪

▪▫▪▪▫▪▪▪▫▪▪▫▪▪▪▪▫▪▫▪▪▪▫▪▪▪▫▪▪▫▪▪▪▪▫▪▪▫▪▪▪▫▪▫▪▪▪▪▫▪▪▫▪▪▪▫▪▪▪▫▪▫▪▪▪▪▫▪▪▪▫▪▪▫▪▪▪▫▪▪▫▪▪▪▫▪▪▪▪▫▪▫▪▪▪▫▪▪▪▫▪▪▪▪▫▪▫▪▪▪▫▪▪▫▪▪▪▫▪▪▫▪▪▪▪▫▪▫▪▪▪▫▪▪▪▫▪▪▫▪▪▪▪▫▪▪▫▪▪▪▫▪▫▪▪▪▪▫▪▪▫▪▪▪▫▪▪▪▫▪▫▪▪▪▪▫▪▪▪▫▪▪▫▪▪▪▫▪▪▫▪▪▪▫▪▪▪▪▫▪▫▪▪▪▫▪▪▪▫▪▪▪▪▫▪▫▪▪▪▫▪▪▫▪▪▪▫▪▪▫▪▪▪▪▫▪▫▪▪▪▫▪▪▪▫▪▪▫▪▪▪▪▫▪▪▫▪▪▪▫▪▫▪▪▪▪▫▪▪▫▪▪▪▫▪▪▪▫▪▫▪▪▪▪▫▪▪▪▫▪▪▫▪▪▪▫▪▪▫▪▪▪▫▪▪▪▪▫▪▫▪▪▪▫▪▪▪▫▪▪▪▪▫▪▫▪▪▪▫▪▪▫▪▪▪▫▪▪▫▪▪▪▪▫▪▫▪▪▪▫▪▪▪▫▪▪▫▪▪▪▪▫▪▪▫▪▪▪▫▪▫▪▪▪▪▫▪▪▫▪▪▪▫▪▪▪▫▪▫▪▪▪▪▫▪▪▪▫▪▪▫▪▪▪▫▪▪▫▪▪▪▫▪▪▪▪▫▪▫▪▪▪▫▪▪▪▫▪▪▪▪▫▪▫▪▪▪▫▪▪▫▪▪▪▫▪▪▫▪▪▪▪▫▪▫▪▪▪▫▪▪▪▫▪▪▫▪▪▪▪▫▪▪▫▪▪▪▫▪▫▪▪▪▪▫▪▪▫▪▪▪▫▪▪▪▫▪▫▪▪▪▪▫▪▪▪▫▪▪▫▪▪▪▫▪▪▫▪▪▪▫▪▪▪▪▫▪▫▪▪▪▫▪▪▪▫▪▪▪▪▫▪▫▪▪

▪▫▪▪▫▪▪▪▫▪▪▫▪▪▪▪▫▪▫▪▪▪▫▪▪▪▫▪▪▫▪▪▪▪▫▪▪▫▪▪▪▫▪▫▪▪▪▪▫▪▪▫▪▪▪▫▪▪▪▫▪▫▪▪▪▪▫▪▪▪▫▪▪▫▪▪▪▫▪▪▫▪▪▪▫▪▪▪▪▫▪▫▪▪▪▫▪▪▪▫▪▪▪▪▫▪▫▪▪▪▫▪▪▫▪▪▪▫▪▪▫▪▪▪▪▫▪▫▪▪▪▫▪▪▪▫▪▪▫▪▪▪▪▫▪▪▫▪▪▪▫▪▫▪▪▪▪▫▪▪▫▪▪▪▫▪▪▪▫▪▫▪▪▪▪▫▪▪▪▫▪▪▫▪▪▪▫▪▪▫▪▪▪▫▪▪▪▪▫▪▫▪▪▪▫▪▪▪▫▪▪▪▪▫▪▫▪▪▪▫▪▪▫▪▪▪▫▪▪▫▪▪▪▪▫▪▫▪▪▪▫▪▪▪▫▪▪▫▪▪▪▪▫▪▪▫▪▪▪▫▪▫▪▪▪▪▫▪▪▫▪▪▪▫▪▪▪▫▪▫▪▪▪▪▫▪▪▪▫▪▪▫▪▪▪▫▪▪▫▪▪▪▫▪▪▪▪▫▪▫▪▪▪▫▪▪▪▫▪▪▪▪▫▪▫▪▪

▪▫▪▪▫▪▪▪▫▪▪▫▪▪▪▪▫▪▫▪▪▪▫▪▪▪▫▪▪▫▪▪▪▪▫▪▪▫▪▪▪▫▪▫▪▪▪▪▫▪▪▫▪▪▪▫▪▪▪▫▪▫▪▪▪▪▫▪▪▪▫▪▪▫▪▪▪▫▪▪▫▪▪▪▫▪▪▪▪▫▪▫▪▪▪▫▪▪▪▫▪▪▪▪▫▪▫▪▪▪▫▪▪▫▪▪▪▫▪▪▫▪▪▪▪▫▪▫▪▪▪▫▪▪▪▫▪▪▫▪▪▪▪▫▪▪▫▪▪▪▫▪▫▪▪▪▪▫▪▪▫▪▪▪▫▪▪▪▫▪▫▪▪▪▪▫▪▪▪▫▪▪▫▪▪▪▫▪▪▫▪▪▪▫▪▪▪▪▫▪▫▪▪▪▫▪▪▪▫▪▪▪▪▫▪▫▪▪▪▫▪▪▫▪▪▪▫▪▪▫▪▪▪▪▫▪▫▪▪▪▫▪▪▪▫▪▪▫▪▪▪▪▫▪▪▫▪▪▪▫▪▫▪▪▪▪▫▪▪▫▪▪▪▫▪▪▪▫▪▫▪▪▪▪▫▪▪▪▫▪▪▫▪▪▪▫▪▪▫▪▪▪▫▪▪▪▪▫▪▫▪▪▪▫▪▪▪▫▪▪▪▪▫▪▫▪▪▪▫▪▪▫▪▪▪▫▪▪▫▪▪▪▪▫▪▫▪▪▪▫▪▪▪▫▪▪▫▪▪▪▪▫▪▪▫▪▪▪▫▪▫▪▪▪▪▫▪▪▫▪▪▪▫▪▪▪▫▪▫▪▪▪▪▫▪▪▪▫▪▪▫▪▪▪▫▪▪▫▪▪▪▫▪▪▪▪▫▪▫▪▪▪▫▪▪▪▫▪▪▪▪▫▪▫▪▪

▪▫▪▪▫▪▪▪▫▪▪▫▪▪▪▪▫▪▫▪▪▪▫▪▪▪▫▪▪▫▪▪▪▪▫▪▪▫▪▪▪▫▪▫▪▪▪▪▫▪▪▫▪▪▪▫▪▪▪▫▪▫▪▪▪▪▫▪▪▪▫▪▪▫▪▪▪▫▪▪▫▪▪▪▫▪▪▪▪▫▪▫▪▪▪▫▪▪▪▫▪▪▪▪▫▪▫▪▪▪▫▪▪▫▪▪▪▫▪▪▫▪▪▪▪▫▪▫▪▪▪▫▪▪▪▫▪▪▫▪▪▪▪▫▪▪▫▪▪▪▫▪▫▪▪▪▪▫▪▪▫▪▪▪▫▪▪▪▫▪▫▪▪▪▪▫▪▪▪▫▪▪▫▪▪▪▫▪▪▫▪▪▪▫▪▪▪▪▫▪▫▪▪▪▫▪▪▪▫▪▪▪▪▫▪▫▪▪▪▫▪▪▫▪▪▪▫▪▪▫▪▪▪▪▫▪▫▪▪▪▫▪▪▪▫▪▪▫▪▪▪▪▫▪▪▫▪▪▪▫▪▫▪▪▪▪▫▪▪▫▪▪▪▫▪▪▪▫▪▫▪▪▪▪▫▪▪▪▫▪▪▫▪▪▪▫▪▪▫▪▪▪▫▪▪▪▪▫▪▫▪▪▪▫▪▪▪▫▪▪▪▪▫▪▫▪▪▪▫▪▪▫▪▪▪▫▪▪▫▪▪▪▪▫▪▫▪▪▪▫▪▪▪▫▪▪▫▪▪▪▪▫▪▪▫▪▪▪▫▪▫▪▪▪▪▫▪▪▫▪▪▪▫▪▪▪▫▪▫▪▪▪▪▫▪▪▪▫▪▪▫▪▪▪▫▪▪▫▪▪▪▫▪▪▪▪▫▪▫▪▪▪▫▪▪▪▫▪▪▪▪▫▪▫▪▪▪▫▪▪▫▪▪▪▫▪▪▫▪▪▪▪▫▪▫▪▪▪▫▪▪▪▫▪▪▫▪▪▪▪▫▪▪▫▪▪▪▫▪▫▪▪▪▪▫▪▪▫▪▪▪▫▪▪▪▫▪▫▪▪▪▪▫▪▪▪▫▪▪▫▪▪▪▫▪▪▫▪▪▪▫▪▪▪▪▫▪▫▪▪▪▫▪▪▪▫▪▪▪▪▫▪▫▪▪▪▫▪▪▫▪▪▪▫▪▪▫▪▪▪▪▫▪▫▪▪▪▫▪▪▪▫▪▪▫▪▪▪▪▫▪▪▫▪▪▪▫▪▫▪▪▪▪▫▪▪▫▪▪▪▫▪▪▪▫▪▫▪▪▪▪▫▪▪▪▫▪▪▫▪▪▪▫▪▪▫▪▪▪▫▪▪▪▪▫▪▫▪▪▪▫▪▪▪▫▪▪▪▪▫▪▫▪▪

▪▫▪▪▫▪▪▪▫▪▪▫▪▪▪▪▫▪▫▪▪▪▫▪▪▪▫▪▪▫▪▪▪▪▫▪▪▫▪▪▪▫▪▫▪▪▪▪▫▪▪▫▪▪▪▫▪▪▪▫▪▫▪▪▪▪▫▪▪▪▫▪▪▫▪▪▪▫▪▪▫▪▪▪▫▪▪▪▪▫▪▫▪▪▪▫▪▪▪▫▪▪▪▪▫▪▫▪▪▪▫▪▪▫▪▪▪▫▪▪▫▪▪▪▪▫▪▫▪▪▪▫▪▪▪▫▪▪▫▪▪▪▪▫▪▪▫▪▪▪▫▪▫▪▪▪▪▫▪▪▫▪▪▪▫▪▪▪▫▪▫▪▪▪▪▫▪▪▪▫▪▪▫▪▪▪▫▪▪▫▪▪▪▫▪▪▪▪▫▪▫▪▪▪▫▪▪▪▫▪▪▪▪▫▪▫▪▪▪▫▪▪▫▪▪▪▫▪▪▫▪▪▪▪▫▪▫▪▪▪▫▪▪▪▫▪▪▫▪▪▪▪▫▪▪▫▪▪▪▫▪▫▪▪▪▪▫▪▪▫▪▪▪▫▪▪▪▫▪▫▪▪▪▪▫▪▪▪▫▪▪▫▪▪▪▫▪▪▫▪▪▪▫▪▪▪▪▫▪▫▪▪▪▫▪▪▪▫▪▪▪▪▫▪▫▪▪▪▫▪▪▫▪▪▪▫▪▪▫▪▪▪▪▫▪▫▪▪▪▫▪▪▪▫▪▪▫▪▪▪▪▫▪▪▫▪▪▪▫▪▫▪▪▪▪▫▪▪▫▪▪▪▫▪▪▪▫▪▫▪▪▪▪▫▪▪▪▫▪▪▫▪▪▪▫▪▪▫▪▪▪▫▪▪▪▪▫▪▫▪▪▪▫▪▪▪▫▪▪▪▪▫▪▫▪▪▪▫▪▪▫▪▪▪▫▪▪▫▪▪▪▪▫▪▫▪▪▪▫▪▪▪▫▪▪▫▪▪▪▪▫▪▪▫▪▪▪▫▪▫▪▪▪▪▫▪▪▫▪▪▪▫▪▪▪▫▪▫▪▪▪▪▫▪▪▪▫▪▪▫▪▪▪▫▪▪▫▪▪▪▫▪▪▪▪▫▪▫▪▪▪▫▪▪▪▫▪▪▪▪▫▪▫▪▪

▪▫▪▪▫▪▪▪▫▪▪▫▪▪▪▪▫▪▫▪▪▪▫▪▪▪▫▪▪▫▪▪▪▪▫▪▪▫▪▪▪▫▪▫▪▪▪▪▫▪▪▫▪▪▪▫▪▪▪▫▪▫▪▪▪▪▫▪▪▪▫▪▪▫▪▪▪▫▪▪▫▪▪▪▫▪▪▪▪▫▪▫▪▪▪▫▪▪▪▫▪▪▪▪▫▪▫▪▪▪▫▪▪▫▪▪▪▫▪▪▫▪▪▪▪▫▪▫▪▪▪▫▪▪▪▫▪▪▫▪▪▪▪▫▪▪▫▪▪▪▫▪▫▪▪▪▪▫▪▪▫▪▪▪▫▪▪▪▫▪▫▪▪▪▪▫▪▪▪▫▪▪▫▪▪▪▫▪▪▫▪▪▪▫▪▪▪▪▫▪▫▪▪▪▫▪▪▪▫▪▪▪▪▫▪▫▪▪▪▫▪▪▫▪▪▪▫▪▪▫▪▪▪▪▫▪▫▪▪▪▫▪▪▪▫▪▪▫▪▪▪▪▫▪▪▫▪▪▪▫▪▫▪▪▪▪▫▪▪▫▪▪▪▫▪▪▪▫▪▫▪▪▪▪▫▪▪▪▫▪▪▫▪▪▪▫▪▪▫▪▪▪▫▪▪▪▪▫▪▫▪▪▪▫▪▪▪▫▪▪▪▪▫▪▫▪▪▪▫▪▪▫▪▪▪▫▪▪▫▪▪▪▪▫▪▫▪▪▪▫▪▪▪▫▪▪▫▪▪▪▪▫▪▪▫▪▪▪▫▪▫▪▪▪▪▫▪▪▫▪▪▪▫▪▪▪▫▪▫▪▪▪▪▫▪▪▪▫▪▪▫▪▪▪▫▪▪▫▪▪▪▫▪▪▪▪▫▪▫▪▪▪▫▪▪▪▫▪▪▪▪▫▪▫▪▪
